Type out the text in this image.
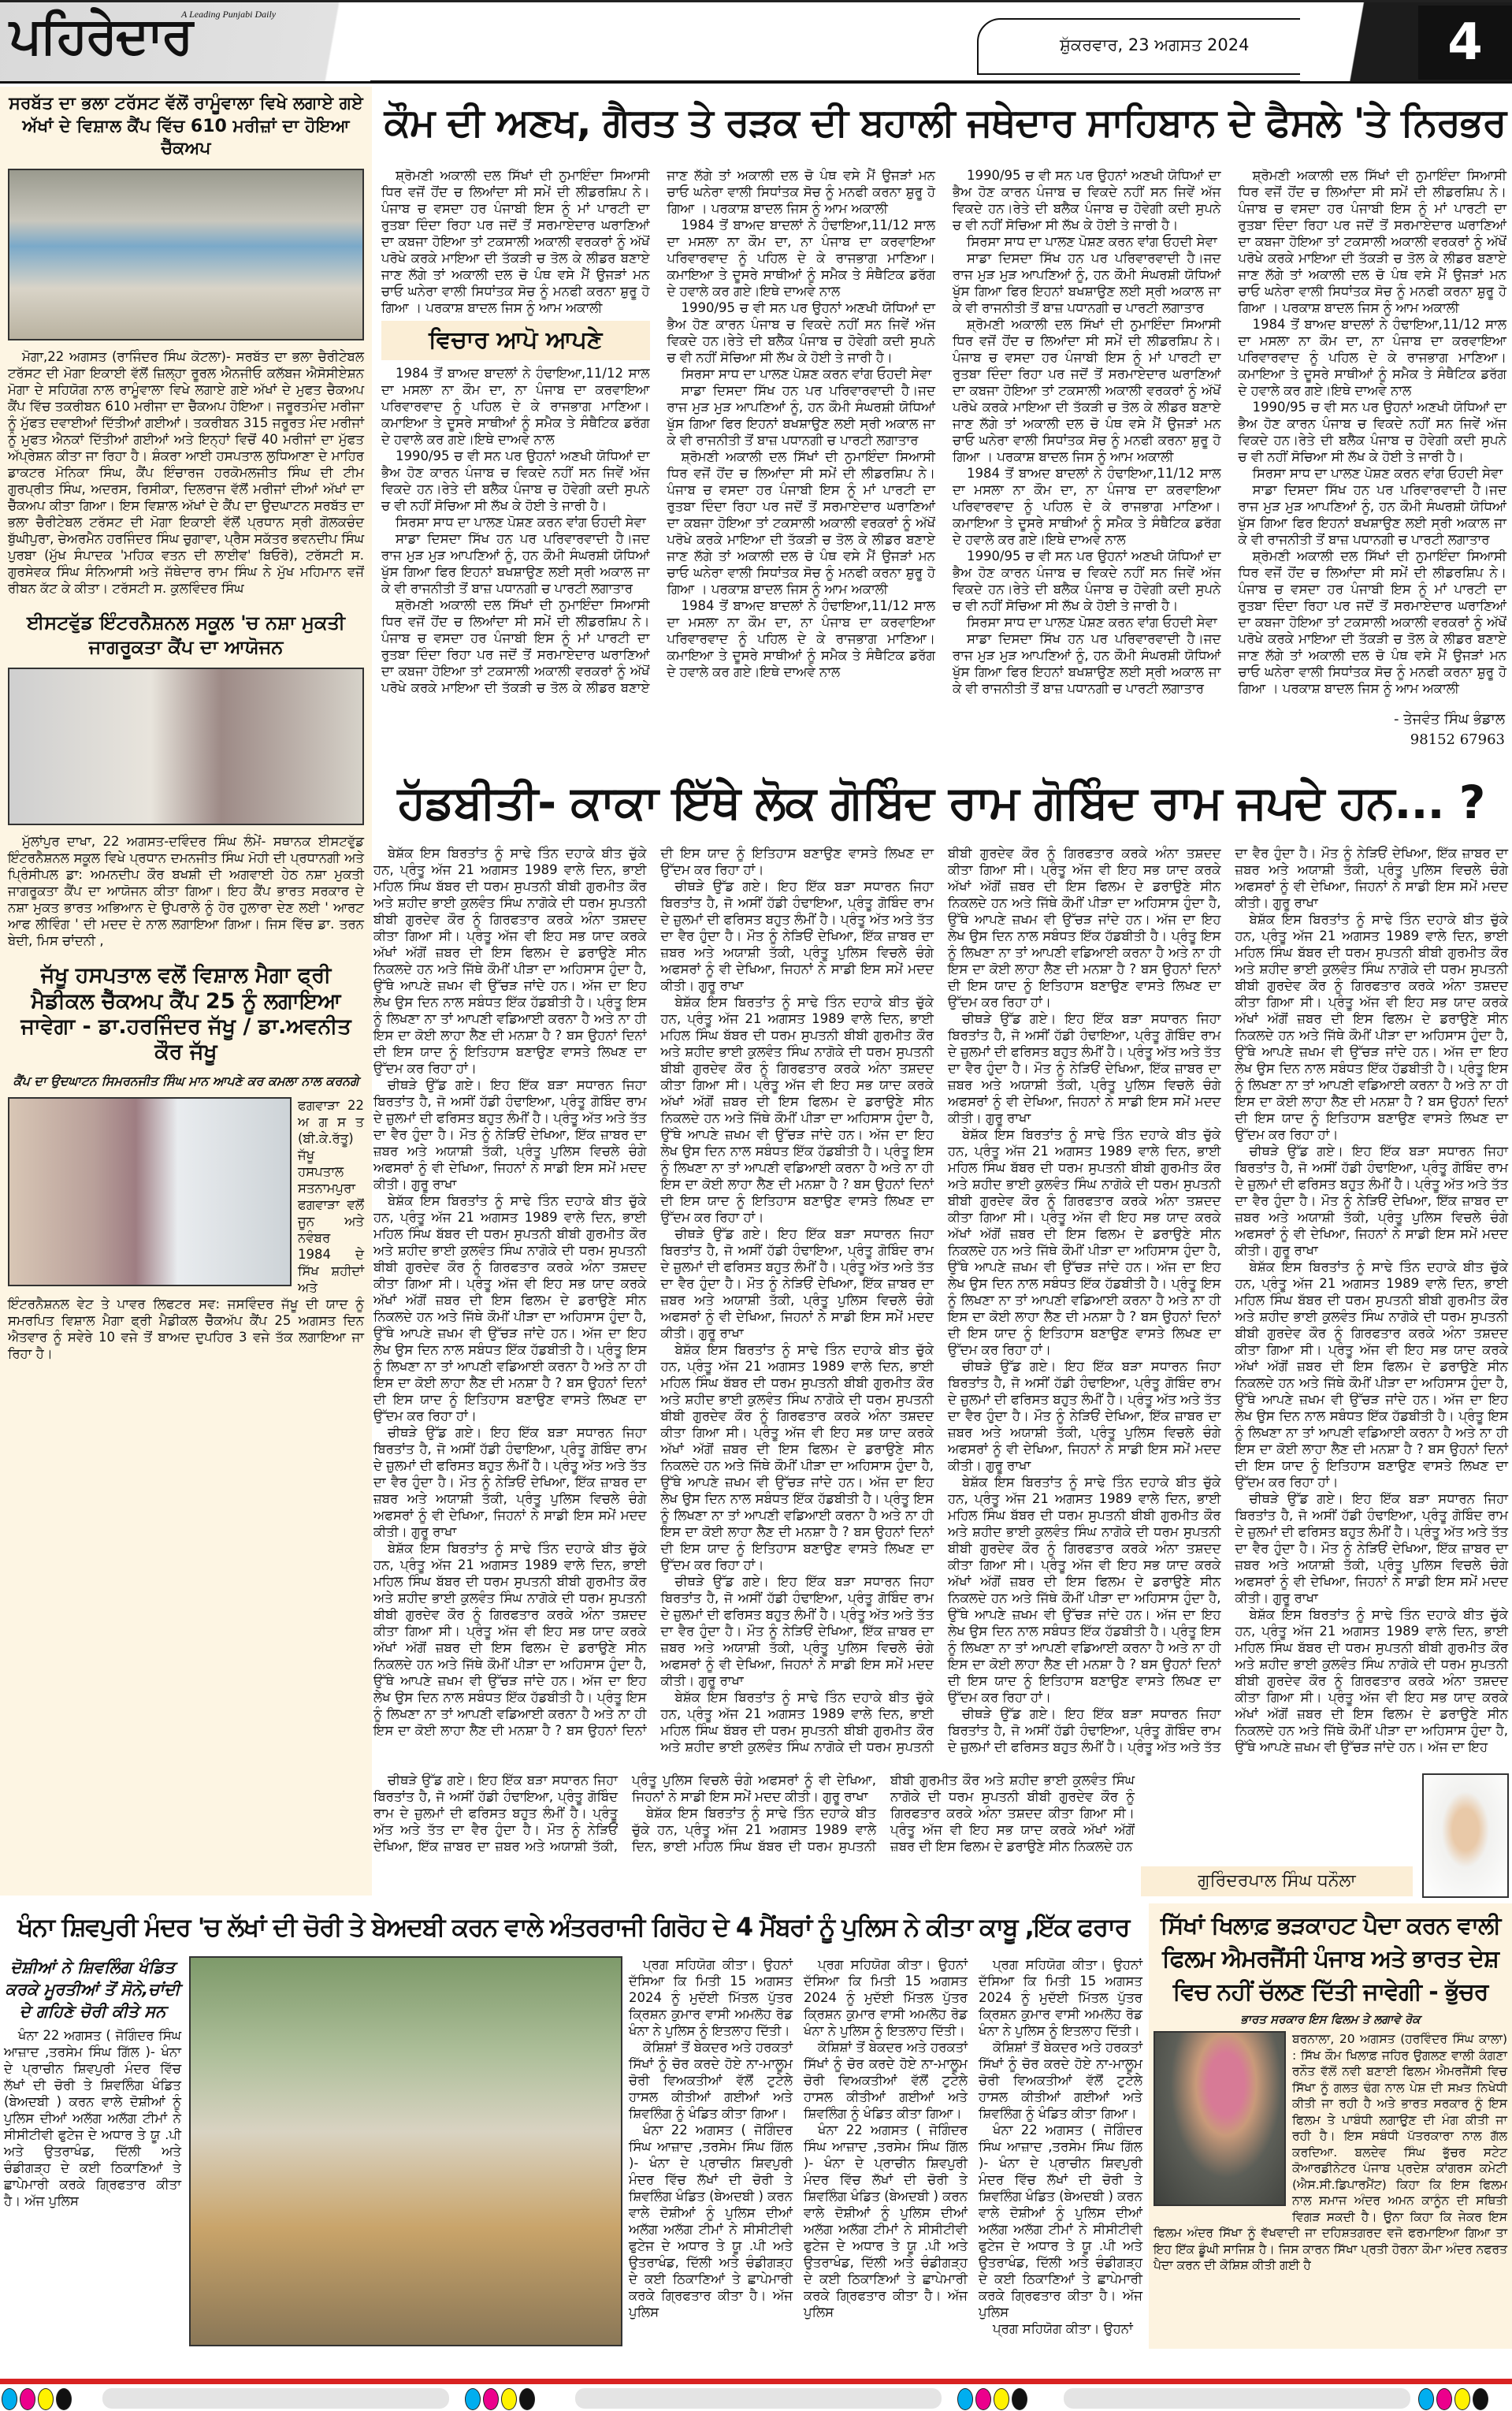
ਪਹਿਰੇਦਾਰ
A Leading Punjabi Daily
ਸ਼ੁੱਕਰਵਾਰ, 23 ਅਗਸਤ 2024	4
ਸਰਬੱਤ ਦਾ ਭਲਾ ਟਰੱਸਟ ਵੱਲੋਂ ਰਾਮੂੰਵਾਲਾ ਵਿਖੇ ਲਗਾਏ ਗਏ ਅੱਖਾਂ ਦੇ ਵਿਸ਼ਾਲ ਕੈਂਪ ਵਿੱਚ 610 ਮਰੀਜ਼ਾਂ ਦਾ ਹੋਇਆ ਚੈੱਕਅਪ

ਮੋਗਾ,22 ਅਗਸਤ (ਰਾਜਿੰਦਰ ਸਿੰਘ ਕੋਟਲਾ)- ਸਰਬੱਤ ਦਾ ਭਲਾ ਚੈਰੀਟੇਬਲ ਟਰੱਸਟ ਦੀ ਮੋਗਾ ਇਕਾਈ ਵੱਲੋਂ ਜ਼ਿਲ੍ਹਾ ਰੂਰਲ ਐਨਜੀਓ ਕਲੱਬਜ ਐਸੋਸੀਏਸ਼ਨ ਮੋਗਾ ਦੇ ਸਹਿਯੋਗ ਨਾਲ ਰਾਮੂੰਵਾਲਾ ਵਿਖੇ ਲਗਾਏ ਗਏ ਅੱਖਾਂ ਦੇ ਮੁਫਤ ਚੈਕਅਪ ਕੈਂਪ ਵਿੱਚ ਤਕਰੀਬਨ 610 ਮਰੀਜਾ ਦਾ ਚੈੱਕਅਪ ਹੋਇਆ। ਜਰੂਰਤਮੰਦ ਮਰੀਜਾ ਨੂੰ ਮੁੱਫਤ ਦਵਾਈਆਂ ਦਿੱਤੀਆਂ ਗਈਆਂ। ਤਕਰੀਬਨ 315 ਜਰੂਰਤ ਮੰਦ ਮਰੀਜਾਂ ਨੂੰ ਮੁਫਤ ਐਨਕਾਂ ਦਿੱਤੀਆਂ ਗਈਆਂ ਅਤੇ ਇਨ੍ਹਾਂ ਵਿਚੋਂ 40 ਮਰੀਜਾਂ ਦਾ ਮੁੱਫਤ ਅੱਪ੍ਰੇਸ਼ਨ ਕੀਤਾ ਜਾ ਰਿਹਾ ਹੈ। ਸ਼ੰਕਰਾ ਆਈ ਹਸਪਤਾਲ ਲੁਧਿਆਣਾ ਦੇ ਮਾਹਿਰ ਡਾਕਟਰ ਮੋਨਿਕਾ ਸਿੰਘ, ਕੈਂਪ ਇੰਚਾਰਜ ਹਰਕੋਮਲਜੀਤ ਸਿੰਘ ਦੀ ਟੀਮ ਗੁਰਪ੍ਰੀਤ ਸਿੰਘ, ਅਦਰਸ, ਰਿਸੀਕਾ, ਦਿਲਰਾਜ ਵੱਲੋਂ ਮਰੀਜਾਂ ਦੀਆਂ ਅੱਖਾਂ ਦਾ ਚੈੱਕਅਪ ਕੀਤਾ ਗਿਆ। ਇਸ ਵਿਸ਼ਾਲ ਅੱਖਾਂ ਦੇ ਕੈਂਪ ਦਾ ਉਦਘਾਟਨ ਸਰਬੱਤ ਦਾ ਭਲਾ ਚੈਰੀਟੇਬਲ ਟਰੱਸਟ ਦੀ ਮੋਗਾ ਇਕਾਈ ਵੱਲੋਂ ਪ੍ਰਧਾਨ ਸ੍ਰੀ ਗੋਲਕਚੰਦ ਬੁੱਘੀਪੁਰਾ, ਚੇਅਰਮੈਨ ਹਰਜਿੰਦਰ ਸਿੰਘ ਚੁਗਾਵਾ, ਪ੍ਰੈਸ ਸਕੱਤਰ ਭਵਨਦੀਪ ਸਿੰਘ ਪੁਰਬਾ (ਮੁੱਖ ਸੰਪਾਦਕ 'ਮਹਿਕ ਵਤਨ ਦੀ ਲਾਈਵ' ਬਿਓਰੋ), ਟਰੱਸਟੀ ਸ. ਗੁਰਸੇਵਕ ਸਿੰਘ ਸੰਨਿਆਸੀ ਅਤੇ ਜੱਥੇਦਾਰ ਰਾਮ ਸਿੰਘ ਨੇ ਮੁੱਖ ਮਹਿਮਾਨ ਵਜੋਂ ਰੀਬਨ ਕੱਟ ਕੇ ਕੀਤਾ। ਟਰੱਸਟੀ ਸ. ਕੁਲਵਿੰਦਰ ਸਿੰਘ

ਈਸਟਵੁੱਡ ਇੰਟਰਨੈਸ਼ਨਲ ਸਕੂਲ 'ਚ ਨਸ਼ਾ ਮੁਕਤੀ ਜਾਗਰੂਕਤਾ ਕੈਂਪ ਦਾ ਆਯੋਜਨ

ਮੁੱਲਾਂਪੁਰ ਦਾਖਾ, 22 ਅਗਸਤ-ਦਵਿੰਦਰ ਸਿੰਘ ਲੰਮੇਂ- ਸਥਾਨਕ ਈਸਟਵੁੱਡ ਇੰਟਰਨੈਸ਼ਨਲ ਸਕੂਲ ਵਿਖੇ ਪ੍ਰਧਾਨ ਦਮਨਜੀਤ ਸਿੰਘ ਮੋਹੀ ਦੀ ਪ੍ਰਧਾਨਗੀ ਅਤੇ ਪ੍ਰਿੰਸੀਪਲ ਡਾ: ਅਮਨਦੀਪ ਕੌਰ ਬਖਸ਼ੀ ਦੀ ਅਗਵਾਈ ਹੇਠ ਨਸ਼ਾ ਮੁਕਤੀ ਜਾਗਰੂਕਤਾ ਕੈਂਪ ਦਾ ਆਯੋਜਨ ਕੀਤਾ ਗਿਆ। ਇਹ ਕੈਂਪ ਭਾਰਤ ਸਰਕਾਰ ਦੇ ਨਸ਼ਾ ਮੁਕਤ ਭਾਰਤ ਅਭਿਆਨ ਦੇ ਉਪਰਾਲੇ ਨੂੰ ਹੋਰ ਹੁਲਾਰਾ ਦੇਣ ਲਈ ' ਆਰਟ ਆਫ ਲੀਵਿੰਗ ' ਦੀ ਮਦਦ ਦੇ ਨਾਲ ਲਗਾਇਆ ਗਿਆ। ਜਿਸ ਵਿੱਚ ਡਾ. ਤਰਨ ਬੇਦੀ, ਮਿਸ ਚਾਂਦਨੀ ,

ਜੱਖੂ ਹਸਪਤਾਲ ਵਲੋਂ ਵਿਸ਼ਾਲ ਮੈਗਾ ਫ੍ਰੀ ਮੈਡੀਕਲ ਚੈੱਕਅਪ ਕੈਂਪ 25 ਨੂੰ ਲਗਾਇਆ ਜਾਵੇਗਾ - ਡਾ.ਹਰਜਿੰਦਰ ਜੱਖੂ / ਡਾ.ਅਵਨੀਤ ਕੌਰ ਜੱਖੂ
ਕੈਂਪ ਦਾ ਉਦਘਾਟਨ ਸਿਮਰਨਜੀਤ ਸਿੰਘ ਮਾਨ ਆਪਣੇ ਕਰ ਕਮਲਾ ਨਾਲ ਕਰਨਗੇ
ਫਗਵਾੜਾ 22 ਅ ਗ ਸ ਤ (ਬੀ.ਕੇ.ਰੱਤੂ) ਜੱਖੂ ਹਸਪਤਾਲ ਸਤਨਾਮਪੁਰਾ ਫਗਵਾੜਾ ਵਲੋਂ ਜੂਨ ਅਤੇ ਨਵੰਬਰ 1984 ਦੇ ਸਿੱਖ ਸ਼ਹੀਦਾਂ ਅਤੇ ਇੰਟਰਨੈਸ਼ਨਲ ਵੇਟ ਤੇ ਪਾਵਰ ਲਿਫਟਰ ਸਵ: ਜਸਵਿੰਦਰ ਜੱਖੂ ਦੀ ਯਾਦ ਨੂੰ ਸਮਰਪਿਤ ਵਿਸ਼ਾਲ ਮੈਗਾ ਫ੍ਰੀ ਮੈਡੀਕਲ ਚੈੱਕਅੱਪ ਕੈਂਪ 25 ਅਗਸਤ ਦਿਨ ਐਤਵਾਰ ਨੂੰ ਸਵੇਰੇ 10 ਵਜੇ ਤੋਂ ਬਾਅਦ ਦੁਪਹਿਰ 3 ਵਜੇ ਤੱਕ ਲਗਾਇਆ ਜਾ ਰਿਹਾ ਹੈ।
ਕੌਮ ਦੀ ਅਣਖ, ਗੈਰਤ ਤੇ ਰੜਕ ਦੀ ਬਹਾਲੀ ਜਥੇਦਾਰ ਸਾਹਿਬਾਨ ਦੇ ਫੈਸਲੇ 'ਤੇ ਨਿਰਭਰ

ਸ਼੍ਰੋਮਣੀ ਅਕਾਲੀ ਦਲ ਸਿੱਖਾਂ ਦੀ ਨੁਮਾਇੰਦਾ ਸਿਆਸੀ ਧਿਰ ਵਜੋਂ ਹੋਂਦ ਚ ਲਿਆਂਦਾ ਸੀ ਸਮੇਂ ਦੀ ਲੀਡਰਸ਼ਿਪ ਨੇ।ਪੰਜਾਬ ਚ ਵਸਦਾ ਹਰ ਪੰਜਾਬੀ ਇਸ ਨੂੰ ਮਾਂ ਪਾਰਟੀ ਦਾ ਰੁਤਬਾ ਦਿੰਦਾ ਰਿਹਾ ਪਰ ਜਦੋਂ ਤੋਂ ਸਰਮਾਏਦਾਰ ਘਰਾਣਿਆਂ ਦਾ ਕਬਜਾ ਹੋਇਆ ਤਾਂ ਟਕਸਾਲੀ ਅਕਾਲੀ ਵਰਕਰਾਂ ਨੂੰ ਅੱਖੋਂ ਪਰੋਖੇ ਕਰਕੇ ਮਾਇਆ ਦੀ ਤੱਕੜੀ ਚ ਤੋਲ ਕੇ ਲੀਡਰ ਬਣਾਏ ਜਾਣ ਲੱਗੇ ਤਾਂ ਅਕਾਲੀ ਦਲ ਚੋ ਪੰਥ ਵਸੇ ਮੈਂ ਉਜੜਾਂ ਮਨ ਚਾਓ ਘਨੇਰਾ ਵਾਲੀ ਸਿਧਾਂਤਕ ਸੋਚ ਨੂੰ ਮਨਫੀ ਕਰਨਾ ਸ਼ੁਰੂ ਹੋ ਗਿਆ । ਪਰਕਾਸ਼ ਬਾਦਲ ਜਿਸ ਨੂੰ ਆਮ ਅਕਾਲੀ

ਵਿਚਾਰ ਆਪੋ ਆਪਣੇ

1984 ਤੋਂ ਬਾਅਦ ਬਾਦਲਾਂ ਨੇ ਹੰਢਾਇਆ,11/12 ਸਾਲ ਦਾ ਮਸਲਾ ਨਾ ਕੌਮ ਦਾ, ਨਾ ਪੰਜਾਬ ਦਾ ਕਰਵਾਇਆ ਪਰਿਵਾਰਵਾਦ ਨੂੰ ਪਹਿਲ ਦੇ ਕੇ ਰਾਜਭਾਗ ਮਾਣਿਆ। ਕਮਾਇਆ ਤੇ ਦੂਸਰੇ ਸਾਥੀਆਂ ਨੂੰ ਸਮੈਕ ਤੇ ਸੰਥੈਟਿਕ ਡਰੱਗ ਦੇ ਹਵਾਲੇ ਕਰ ਗਏ।ਇਥੇ ਦਾਅਵੇ ਨਾਲ

1990/95 ਚ ਵੀ ਸਨ ਪਰ ਉਹਨਾਂ ਅਣਖੀ ਯੋਧਿਆਂ ਦਾ ਭੈਅ ਹੋਣ ਕਾਰਨ ਪੰਜਾਬ ਚ ਵਿਕਦੇ ਨਹੀਂ ਸਨ ਜਿਵੇਂ ਅੱਜ ਵਿਕਦੇ ਹਨ।ਰੇਤੇ ਦੀ ਬਲੈਕ ਪੰਜਾਬ ਚ ਹੋਵੇਗੀ ਕਦੀ ਸੁਪਨੇ ਚ ਵੀ ਨਹੀਂ ਸੋਚਿਆ ਸੀ ਲੱਖ ਕੇ ਹੋਈ ਤੇ ਜਾਰੀ ਹੈ।

ਸਿਰਸਾ ਸਾਧ ਦਾ ਪਾਲਣ ਪੋਸ਼ਣ ਕਰਨ ਵਾਂਗ ਓਹਦੀ ਸੇਵਾ

ਸਾਡਾ ਦਿਸਦਾ ਸਿੱਖ ਹਨ ਪਰ ਪਰਿਵਾਰਵਾਦੀ ਹੈ।ਜਦ ਰਾਜ ਮੁੜ ਮੁੜ ਆਪਣਿਆਂ ਨੂੰ, ਹਨ ਕੌਮੀ ਸੰਘਰਸ਼ੀ ਯੋਧਿਆਂ ਖੁੱਸ ਗਿਆ ਫਿਰ ਇਹਨਾਂ ਬਖਸ਼ਾਉਣ ਲਈ ਸ੍ਰੀ ਅਕਾਲ ਜਾ ਕੇ ਵੀ ਰਾਜਨੀਤੀ ਤੋਂ ਬਾਜ਼ ਪਧਾਨਗੀ ਚ ਪਾਰਟੀ ਲਗਾਤਾਰ

ਸ਼੍ਰੋਮਣੀ ਅਕਾਲੀ ਦਲ ਸਿੱਖਾਂ ਦੀ ਨੁਮਾਇੰਦਾ ਸਿਆਸੀ ਧਿਰ ਵਜੋਂ ਹੋਂਦ ਚ ਲਿਆਂਦਾ ਸੀ ਸਮੇਂ ਦੀ ਲੀਡਰਸ਼ਿਪ ਨੇ।ਪੰਜਾਬ ਚ ਵਸਦਾ ਹਰ ਪੰਜਾਬੀ ਇਸ ਨੂੰ ਮਾਂ ਪਾਰਟੀ ਦਾ ਰੁਤਬਾ ਦਿੰਦਾ ਰਿਹਾ ਪਰ ਜਦੋਂ ਤੋਂ ਸਰਮਾਏਦਾਰ ਘਰਾਣਿਆਂ ਦਾ ਕਬਜਾ ਹੋਇਆ ਤਾਂ ਟਕਸਾਲੀ ਅਕਾਲੀ ਵਰਕਰਾਂ ਨੂੰ ਅੱਖੋਂ ਪਰੋਖੇ ਕਰਕੇ ਮਾਇਆ ਦੀ ਤੱਕੜੀ ਚ ਤੋਲ ਕੇ ਲੀਡਰ ਬਣਾਏ ਜਾਣ ਲੱਗੇ ਤਾਂ ਅਕਾਲੀ ਦਲ ਚੋ ਪੰਥ ਵਸੇ ਮੈਂ ਉਜੜਾਂ ਮਨ ਚਾਓ ਘਨੇਰਾ ਵਾਲੀ ਸਿਧਾਂਤਕ ਸੋਚ ਨੂੰ ਮਨਫੀ ਕਰਨਾ ਸ਼ੁਰੂ ਹੋ ਗਿਆ । ਪਰਕਾਸ਼ ਬਾਦਲ ਜਿਸ ਨੂੰ ਆਮ ਅਕਾਲੀ

1984 ਤੋਂ ਬਾਅਦ ਬਾਦਲਾਂ ਨੇ ਹੰਢਾਇਆ,11/12 ਸਾਲ ਦਾ ਮਸਲਾ ਨਾ ਕੌਮ ਦਾ, ਨਾ ਪੰਜਾਬ ਦਾ ਕਰਵਾਇਆ ਪਰਿਵਾਰਵਾਦ ਨੂੰ ਪਹਿਲ ਦੇ ਕੇ ਰਾਜਭਾਗ ਮਾਣਿਆ। ਕਮਾਇਆ ਤੇ ਦੂਸਰੇ ਸਾਥੀਆਂ ਨੂੰ ਸਮੈਕ ਤੇ ਸੰਥੈਟਿਕ ਡਰੱਗ ਦੇ ਹਵਾਲੇ ਕਰ ਗਏ।ਇਥੇ ਦਾਅਵੇ ਨਾਲ

1990/95 ਚ ਵੀ ਸਨ ਪਰ ਉਹਨਾਂ ਅਣਖੀ ਯੋਧਿਆਂ ਦਾ ਭੈਅ ਹੋਣ ਕਾਰਨ ਪੰਜਾਬ ਚ ਵਿਕਦੇ ਨਹੀਂ ਸਨ ਜਿਵੇਂ ਅੱਜ ਵਿਕਦੇ ਹਨ।ਰੇਤੇ ਦੀ ਬਲੈਕ ਪੰਜਾਬ ਚ ਹੋਵੇਗੀ ਕਦੀ ਸੁਪਨੇ ਚ ਵੀ ਨਹੀਂ ਸੋਚਿਆ ਸੀ ਲੱਖ ਕੇ ਹੋਈ ਤੇ ਜਾਰੀ ਹੈ।

ਸਿਰਸਾ ਸਾਧ ਦਾ ਪਾਲਣ ਪੋਸ਼ਣ ਕਰਨ ਵਾਂਗ ਓਹਦੀ ਸੇਵਾ

ਸਾਡਾ ਦਿਸਦਾ ਸਿੱਖ ਹਨ ਪਰ ਪਰਿਵਾਰਵਾਦੀ ਹੈ।ਜਦ ਰਾਜ ਮੁੜ ਮੁੜ ਆਪਣਿਆਂ ਨੂੰ, ਹਨ ਕੌਮੀ ਸੰਘਰਸ਼ੀ ਯੋਧਿਆਂ ਖੁੱਸ ਗਿਆ ਫਿਰ ਇਹਨਾਂ ਬਖਸ਼ਾਉਣ ਲਈ ਸ੍ਰੀ ਅਕਾਲ ਜਾ ਕੇ ਵੀ ਰਾਜਨੀਤੀ ਤੋਂ ਬਾਜ਼ ਪਧਾਨਗੀ ਚ ਪਾਰਟੀ ਲਗਾਤਾਰ

ਸ਼੍ਰੋਮਣੀ ਅਕਾਲੀ ਦਲ ਸਿੱਖਾਂ ਦੀ ਨੁਮਾਇੰਦਾ ਸਿਆਸੀ ਧਿਰ ਵਜੋਂ ਹੋਂਦ ਚ ਲਿਆਂਦਾ ਸੀ ਸਮੇਂ ਦੀ ਲੀਡਰਸ਼ਿਪ ਨੇ।ਪੰਜਾਬ ਚ ਵਸਦਾ ਹਰ ਪੰਜਾਬੀ ਇਸ ਨੂੰ ਮਾਂ ਪਾਰਟੀ ਦਾ ਰੁਤਬਾ ਦਿੰਦਾ ਰਿਹਾ ਪਰ ਜਦੋਂ ਤੋਂ ਸਰਮਾਏਦਾਰ ਘਰਾਣਿਆਂ ਦਾ ਕਬਜਾ ਹੋਇਆ ਤਾਂ ਟਕਸਾਲੀ ਅਕਾਲੀ ਵਰਕਰਾਂ ਨੂੰ ਅੱਖੋਂ ਪਰੋਖੇ ਕਰਕੇ ਮਾਇਆ ਦੀ ਤੱਕੜੀ ਚ ਤੋਲ ਕੇ ਲੀਡਰ ਬਣਾਏ ਜਾਣ ਲੱਗੇ ਤਾਂ ਅਕਾਲੀ ਦਲ ਚੋ ਪੰਥ ਵਸੇ ਮੈਂ ਉਜੜਾਂ ਮਨ ਚਾਓ ਘਨੇਰਾ ਵਾਲੀ ਸਿਧਾਂਤਕ ਸੋਚ ਨੂੰ ਮਨਫੀ ਕਰਨਾ ਸ਼ੁਰੂ ਹੋ ਗਿਆ । ਪਰਕਾਸ਼ ਬਾਦਲ ਜਿਸ ਨੂੰ ਆਮ ਅਕਾਲੀ

1984 ਤੋਂ ਬਾਅਦ ਬਾਦਲਾਂ ਨੇ ਹੰਢਾਇਆ,11/12 ਸਾਲ ਦਾ ਮਸਲਾ ਨਾ ਕੌਮ ਦਾ, ਨਾ ਪੰਜਾਬ ਦਾ ਕਰਵਾਇਆ ਪਰਿਵਾਰਵਾਦ ਨੂੰ ਪਹਿਲ ਦੇ ਕੇ ਰਾਜਭਾਗ ਮਾਣਿਆ। ਕਮਾਇਆ ਤੇ ਦੂਸਰੇ ਸਾਥੀਆਂ ਨੂੰ ਸਮੈਕ ਤੇ ਸੰਥੈਟਿਕ ਡਰੱਗ ਦੇ ਹਵਾਲੇ ਕਰ ਗਏ।ਇਥੇ ਦਾਅਵੇ ਨਾਲ

1990/95 ਚ ਵੀ ਸਨ ਪਰ ਉਹਨਾਂ ਅਣਖੀ ਯੋਧਿਆਂ ਦਾ ਭੈਅ ਹੋਣ ਕਾਰਨ ਪੰਜਾਬ ਚ ਵਿਕਦੇ ਨਹੀਂ ਸਨ ਜਿਵੇਂ ਅੱਜ ਵਿਕਦੇ ਹਨ।ਰੇਤੇ ਦੀ ਬਲੈਕ ਪੰਜਾਬ ਚ ਹੋਵੇਗੀ ਕਦੀ ਸੁਪਨੇ ਚ ਵੀ ਨਹੀਂ ਸੋਚਿਆ ਸੀ ਲੱਖ ਕੇ ਹੋਈ ਤੇ ਜਾਰੀ ਹੈ।

ਸਿਰਸਾ ਸਾਧ ਦਾ ਪਾਲਣ ਪੋਸ਼ਣ ਕਰਨ ਵਾਂਗ ਓਹਦੀ ਸੇਵਾ

ਸਾਡਾ ਦਿਸਦਾ ਸਿੱਖ ਹਨ ਪਰ ਪਰਿਵਾਰਵਾਦੀ ਹੈ।ਜਦ ਰਾਜ ਮੁੜ ਮੁੜ ਆਪਣਿਆਂ ਨੂੰ, ਹਨ ਕੌਮੀ ਸੰਘਰਸ਼ੀ ਯੋਧਿਆਂ ਖੁੱਸ ਗਿਆ ਫਿਰ ਇਹਨਾਂ ਬਖਸ਼ਾਉਣ ਲਈ ਸ੍ਰੀ ਅਕਾਲ ਜਾ ਕੇ ਵੀ ਰਾਜਨੀਤੀ ਤੋਂ ਬਾਜ਼ ਪਧਾਨਗੀ ਚ ਪਾਰਟੀ ਲਗਾਤਾਰ

ਸ਼੍ਰੋਮਣੀ ਅਕਾਲੀ ਦਲ ਸਿੱਖਾਂ ਦੀ ਨੁਮਾਇੰਦਾ ਸਿਆਸੀ ਧਿਰ ਵਜੋਂ ਹੋਂਦ ਚ ਲਿਆਂਦਾ ਸੀ ਸਮੇਂ ਦੀ ਲੀਡਰਸ਼ਿਪ ਨੇ।ਪੰਜਾਬ ਚ ਵਸਦਾ ਹਰ ਪੰਜਾਬੀ ਇਸ ਨੂੰ ਮਾਂ ਪਾਰਟੀ ਦਾ ਰੁਤਬਾ ਦਿੰਦਾ ਰਿਹਾ ਪਰ ਜਦੋਂ ਤੋਂ ਸਰਮਾਏਦਾਰ ਘਰਾਣਿਆਂ ਦਾ ਕਬਜਾ ਹੋਇਆ ਤਾਂ ਟਕਸਾਲੀ ਅਕਾਲੀ ਵਰਕਰਾਂ ਨੂੰ ਅੱਖੋਂ ਪਰੋਖੇ ਕਰਕੇ ਮਾਇਆ ਦੀ ਤੱਕੜੀ ਚ ਤੋਲ ਕੇ ਲੀਡਰ ਬਣਾਏ ਜਾਣ ਲੱਗੇ ਤਾਂ ਅਕਾਲੀ ਦਲ ਚੋ ਪੰਥ ਵਸੇ ਮੈਂ ਉਜੜਾਂ ਮਨ ਚਾਓ ਘਨੇਰਾ ਵਾਲੀ ਸਿਧਾਂਤਕ ਸੋਚ ਨੂੰ ਮਨਫੀ ਕਰਨਾ ਸ਼ੁਰੂ ਹੋ ਗਿਆ । ਪਰਕਾਸ਼ ਬਾਦਲ ਜਿਸ ਨੂੰ ਆਮ ਅਕਾਲੀ

1984 ਤੋਂ ਬਾਅਦ ਬਾਦਲਾਂ ਨੇ ਹੰਢਾਇਆ,11/12 ਸਾਲ ਦਾ ਮਸਲਾ ਨਾ ਕੌਮ ਦਾ, ਨਾ ਪੰਜਾਬ ਦਾ ਕਰਵਾਇਆ ਪਰਿਵਾਰਵਾਦ ਨੂੰ ਪਹਿਲ ਦੇ ਕੇ ਰਾਜਭਾਗ ਮਾਣਿਆ। ਕਮਾਇਆ ਤੇ ਦੂਸਰੇ ਸਾਥੀਆਂ ਨੂੰ ਸਮੈਕ ਤੇ ਸੰਥੈਟਿਕ ਡਰੱਗ ਦੇ ਹਵਾਲੇ ਕਰ ਗਏ।ਇਥੇ ਦਾਅਵੇ ਨਾਲ

1990/95 ਚ ਵੀ ਸਨ ਪਰ ਉਹਨਾਂ ਅਣਖੀ ਯੋਧਿਆਂ ਦਾ ਭੈਅ ਹੋਣ ਕਾਰਨ ਪੰਜਾਬ ਚ ਵਿਕਦੇ ਨਹੀਂ ਸਨ ਜਿਵੇਂ ਅੱਜ ਵਿਕਦੇ ਹਨ।ਰੇਤੇ ਦੀ ਬਲੈਕ ਪੰਜਾਬ ਚ ਹੋਵੇਗੀ ਕਦੀ ਸੁਪਨੇ ਚ ਵੀ ਨਹੀਂ ਸੋਚਿਆ ਸੀ ਲੱਖ ਕੇ ਹੋਈ ਤੇ ਜਾਰੀ ਹੈ।

ਸਿਰਸਾ ਸਾਧ ਦਾ ਪਾਲਣ ਪੋਸ਼ਣ ਕਰਨ ਵਾਂਗ ਓਹਦੀ ਸੇਵਾ

ਸਾਡਾ ਦਿਸਦਾ ਸਿੱਖ ਹਨ ਪਰ ਪਰਿਵਾਰਵਾਦੀ ਹੈ।ਜਦ ਰਾਜ ਮੁੜ ਮੁੜ ਆਪਣਿਆਂ ਨੂੰ, ਹਨ ਕੌਮੀ ਸੰਘਰਸ਼ੀ ਯੋਧਿਆਂ ਖੁੱਸ ਗਿਆ ਫਿਰ ਇਹਨਾਂ ਬਖਸ਼ਾਉਣ ਲਈ ਸ੍ਰੀ ਅਕਾਲ ਜਾ ਕੇ ਵੀ ਰਾਜਨੀਤੀ ਤੋਂ ਬਾਜ਼ ਪਧਾਨਗੀ ਚ ਪਾਰਟੀ ਲਗਾਤਾਰ

ਸ਼੍ਰੋਮਣੀ ਅਕਾਲੀ ਦਲ ਸਿੱਖਾਂ ਦੀ ਨੁਮਾਇੰਦਾ ਸਿਆਸੀ ਧਿਰ ਵਜੋਂ ਹੋਂਦ ਚ ਲਿਆਂਦਾ ਸੀ ਸਮੇਂ ਦੀ ਲੀਡਰਸ਼ਿਪ ਨੇ।ਪੰਜਾਬ ਚ ਵਸਦਾ ਹਰ ਪੰਜਾਬੀ ਇਸ ਨੂੰ ਮਾਂ ਪਾਰਟੀ ਦਾ ਰੁਤਬਾ ਦਿੰਦਾ ਰਿਹਾ ਪਰ ਜਦੋਂ ਤੋਂ ਸਰਮਾਏਦਾਰ ਘਰਾਣਿਆਂ ਦਾ ਕਬਜਾ ਹੋਇਆ ਤਾਂ ਟਕਸਾਲੀ ਅਕਾਲੀ ਵਰਕਰਾਂ ਨੂੰ ਅੱਖੋਂ ਪਰੋਖੇ ਕਰਕੇ ਮਾਇਆ ਦੀ ਤੱਕੜੀ ਚ ਤੋਲ ਕੇ ਲੀਡਰ ਬਣਾਏ ਜਾਣ ਲੱਗੇ ਤਾਂ ਅਕਾਲੀ ਦਲ ਚੋ ਪੰਥ ਵਸੇ ਮੈਂ ਉਜੜਾਂ ਮਨ ਚਾਓ ਘਨੇਰਾ ਵਾਲੀ ਸਿਧਾਂਤਕ ਸੋਚ ਨੂੰ ਮਨਫੀ ਕਰਨਾ ਸ਼ੁਰੂ ਹੋ ਗਿਆ । ਪਰਕਾਸ਼ ਬਾਦਲ ਜਿਸ ਨੂੰ ਆਮ ਅਕਾਲੀ

1984 ਤੋਂ ਬਾਅਦ ਬਾਦਲਾਂ ਨੇ ਹੰਢਾਇਆ,11/12 ਸਾਲ ਦਾ ਮਸਲਾ ਨਾ ਕੌਮ ਦਾ, ਨਾ ਪੰਜਾਬ ਦਾ ਕਰਵਾਇਆ ਪਰਿਵਾਰਵਾਦ ਨੂੰ ਪਹਿਲ ਦੇ ਕੇ ਰਾਜਭਾਗ ਮਾਣਿਆ। ਕਮਾਇਆ ਤੇ ਦੂਸਰੇ ਸਾਥੀਆਂ ਨੂੰ ਸਮੈਕ ਤੇ ਸੰਥੈਟਿਕ ਡਰੱਗ ਦੇ ਹਵਾਲੇ ਕਰ ਗਏ।ਇਥੇ ਦਾਅਵੇ ਨਾਲ

1990/95 ਚ ਵੀ ਸਨ ਪਰ ਉਹਨਾਂ ਅਣਖੀ ਯੋਧਿਆਂ ਦਾ ਭੈਅ ਹੋਣ ਕਾਰਨ ਪੰਜਾਬ ਚ ਵਿਕਦੇ ਨਹੀਂ ਸਨ ਜਿਵੇਂ ਅੱਜ ਵਿਕਦੇ ਹਨ।ਰੇਤੇ ਦੀ ਬਲੈਕ ਪੰਜਾਬ ਚ ਹੋਵੇਗੀ ਕਦੀ ਸੁਪਨੇ ਚ ਵੀ ਨਹੀਂ ਸੋਚਿਆ ਸੀ ਲੱਖ ਕੇ ਹੋਈ ਤੇ ਜਾਰੀ ਹੈ।

ਸਿਰਸਾ ਸਾਧ ਦਾ ਪਾਲਣ ਪੋਸ਼ਣ ਕਰਨ ਵਾਂਗ ਓਹਦੀ ਸੇਵਾ

ਸਾਡਾ ਦਿਸਦਾ ਸਿੱਖ ਹਨ ਪਰ ਪਰਿਵਾਰਵਾਦੀ ਹੈ।ਜਦ ਰਾਜ ਮੁੜ ਮੁੜ ਆਪਣਿਆਂ ਨੂੰ, ਹਨ ਕੌਮੀ ਸੰਘਰਸ਼ੀ ਯੋਧਿਆਂ ਖੁੱਸ ਗਿਆ ਫਿਰ ਇਹਨਾਂ ਬਖਸ਼ਾਉਣ ਲਈ ਸ੍ਰੀ ਅਕਾਲ ਜਾ ਕੇ ਵੀ ਰਾਜਨੀਤੀ ਤੋਂ ਬਾਜ਼ ਪਧਾਨਗੀ ਚ ਪਾਰਟੀ ਲਗਾਤਾਰ

ਸ਼੍ਰੋਮਣੀ ਅਕਾਲੀ ਦਲ ਸਿੱਖਾਂ ਦੀ ਨੁਮਾਇੰਦਾ ਸਿਆਸੀ ਧਿਰ ਵਜੋਂ ਹੋਂਦ ਚ ਲਿਆਂਦਾ ਸੀ ਸਮੇਂ ਦੀ ਲੀਡਰਸ਼ਿਪ ਨੇ।ਪੰਜਾਬ ਚ ਵਸਦਾ ਹਰ ਪੰਜਾਬੀ ਇਸ ਨੂੰ ਮਾਂ ਪਾਰਟੀ ਦਾ ਰੁਤਬਾ ਦਿੰਦਾ ਰਿਹਾ ਪਰ ਜਦੋਂ ਤੋਂ ਸਰਮਾਏਦਾਰ ਘਰਾਣਿਆਂ ਦਾ ਕਬਜਾ ਹੋਇਆ ਤਾਂ ਟਕਸਾਲੀ ਅਕਾਲੀ ਵਰਕਰਾਂ ਨੂੰ ਅੱਖੋਂ ਪਰੋਖੇ ਕਰਕੇ ਮਾਇਆ ਦੀ ਤੱਕੜੀ ਚ ਤੋਲ ਕੇ ਲੀਡਰ ਬਣਾਏ ਜਾਣ ਲੱਗੇ ਤਾਂ ਅਕਾਲੀ ਦਲ ਚੋ ਪੰਥ ਵਸੇ ਮੈਂ ਉਜੜਾਂ ਮਨ ਚਾਓ ਘਨੇਰਾ ਵਾਲੀ ਸਿਧਾਂਤਕ ਸੋਚ ਨੂੰ ਮਨਫੀ ਕਰਨਾ ਸ਼ੁਰੂ ਹੋ ਗਿਆ । ਪਰਕਾਸ਼ ਬਾਦਲ ਜਿਸ ਨੂੰ ਆਮ ਅਕਾਲੀ

- ਤੇਜਵੰਤ ਸਿੰਘ ਭੰਡਾਲ
98152 67963
ਹੱਡਬੀਤੀ- ਕਾਕਾ ਇੱਥੇ ਲੋਕ ਗੋਬਿੰਦ ਰਾਮ ਗੋਬਿੰਦ ਰਾਮ ਜਪਦੇ ਹਨ... ?

ਬੇਸ਼ੱਕ ਇਸ ਬਿਰਤਾਂਤ ਨੂੰ ਸਾਢੇ ਤਿੰਨ ਦਹਾਕੇ ਬੀਤ ਚੁੱਕੇ ਹਨ, ਪ੍ਰੰਤੂ ਅੱਜ 21 ਅਗਸਤ 1989 ਵਾਲੇ ਦਿਨ, ਭਾਈ ਮਹਿਲ ਸਿੰਘ ਬੱਬਰ ਦੀ ਧਰਮ ਸੁਪਤਨੀ ਬੀਬੀ ਗੁਰਮੀਤ ਕੌਰ ਅਤੇ ਸ਼ਹੀਦ ਭਾਈ ਕੁਲਵੰਤ ਸਿੰਘ ਨਾਗੋਕੇ ਦੀ ਧਰਮ ਸੁਪਤਨੀ ਬੀਬੀ ਗੁਰਦੇਵ ਕੌਰ ਨੂੰ ਗਿਰਫਤਾਰ ਕਰਕੇ ਅੰਨਾ ਤਸ਼ਦਦ ਕੀਤਾ ਗਿਆ ਸੀ। ਪ੍ਰੰਤੂ ਅੱਜ ਵੀ ਇਹ ਸਭ ਯਾਦ ਕਰਕੇ ਅੱਖਾਂ ਅੱਗੋਂ ਜ਼ਬਰ ਦੀ ਇਸ ਫਿਲਮ ਦੇ ਡਰਾਉਣੇ ਸੀਨ ਨਿਕਲਦੇ ਹਨ ਅਤੇ ਜਿੱਥੇ ਕੌਮੀਂ ਪੀੜਾ ਦਾ ਅਹਿਸਾਸ ਹੁੰਦਾ ਹੈ, ਉੱਥੇ ਆਪਣੇ ਜ਼ਖਮ ਵੀ ਉੱਚੜ ਜਾਂਦੇ ਹਨ। ਅੱਜ ਦਾ ਇਹ ਲੇਖ ਉਸ ਦਿਨ ਨਾਲ ਸਬੰਧਤ ਇੱਕ ਹੱਡਬੀਤੀ ਹੈ। ਪ੍ਰੰਤੂ ਇਸ ਨੂੰ ਲਿਖਣਾ ਨਾ ਤਾਂ ਆਪਣੀ ਵਡਿਆਈ ਕਰਨਾ ਹੈ ਅਤੇ ਨਾ ਹੀ ਇਸ ਦਾ ਕੋਈ ਲਾਹਾ ਲੈਣ ਦੀ ਮਨਸ਼ਾ ਹੈ ? ਬਸ ਉਹਨਾਂ ਦਿਨਾਂ ਦੀ ਇਸ ਯਾਦ ਨੂੰ ਇਤਿਹਾਸ ਬਣਾਉਣ ਵਾਸਤੇ ਲਿਖਣ ਦਾ ਉੱਦਮ ਕਰ ਰਿਹਾ ਹਾਂ।

ਚੀਥੜੇ ਉੱਡ ਗਏ। ਇਹ ਇੱਕ ਬੜਾ ਸਧਾਰਨ ਜਿਹਾ ਬਿਰਤਾਂਤ ਹੈ, ਜੋ ਅਸੀਂ ਹੱਡੀ ਹੰਢਾਇਆ, ਪ੍ਰੰਤੂ ਗੋਬਿੰਦ ਰਾਮ ਦੇ ਜ਼ੁਲਮਾਂ ਦੀ ਫਰਿਸਤ ਬਹੁਤ ਲੰਮੀਂ ਹੈ। ਪ੍ਰੰਤੂ ਅੱਤ ਅਤੇ ਤੱਤ ਦਾ ਵੈਰ ਹੁੰਦਾ ਹੈ। ਮੌਤ ਨੂੰ ਨੇੜਿਓਂ ਦੇਖਿਆ, ਇੱਕ ਜ਼ਾਬਰ ਦਾ ਜ਼ਬਰ ਅਤੇ ਅਯਾਸ਼ੀ ਤੱਕੀ, ਪ੍ਰੰਤੂ ਪੁਲਿਸ ਵਿਚਲੇ ਚੰਗੇ ਅਫਸਰਾਂ ਨੂੰ ਵੀ ਦੇਖਿਆ, ਜਿਹਨਾਂ ਨੇ ਸਾਡੀ ਇਸ ਸਮੇਂ ਮਦਦ ਕੀਤੀ। ਗੁਰੂ ਰਾਖਾ

ਬੇਸ਼ੱਕ ਇਸ ਬਿਰਤਾਂਤ ਨੂੰ ਸਾਢੇ ਤਿੰਨ ਦਹਾਕੇ ਬੀਤ ਚੁੱਕੇ ਹਨ, ਪ੍ਰੰਤੂ ਅੱਜ 21 ਅਗਸਤ 1989 ਵਾਲੇ ਦਿਨ, ਭਾਈ ਮਹਿਲ ਸਿੰਘ ਬੱਬਰ ਦੀ ਧਰਮ ਸੁਪਤਨੀ ਬੀਬੀ ਗੁਰਮੀਤ ਕੌਰ ਅਤੇ ਸ਼ਹੀਦ ਭਾਈ ਕੁਲਵੰਤ ਸਿੰਘ ਨਾਗੋਕੇ ਦੀ ਧਰਮ ਸੁਪਤਨੀ ਬੀਬੀ ਗੁਰਦੇਵ ਕੌਰ ਨੂੰ ਗਿਰਫਤਾਰ ਕਰਕੇ ਅੰਨਾ ਤਸ਼ਦਦ ਕੀਤਾ ਗਿਆ ਸੀ। ਪ੍ਰੰਤੂ ਅੱਜ ਵੀ ਇਹ ਸਭ ਯਾਦ ਕਰਕੇ ਅੱਖਾਂ ਅੱਗੋਂ ਜ਼ਬਰ ਦੀ ਇਸ ਫਿਲਮ ਦੇ ਡਰਾਉਣੇ ਸੀਨ ਨਿਕਲਦੇ ਹਨ ਅਤੇ ਜਿੱਥੇ ਕੌਮੀਂ ਪੀੜਾ ਦਾ ਅਹਿਸਾਸ ਹੁੰਦਾ ਹੈ, ਉੱਥੇ ਆਪਣੇ ਜ਼ਖਮ ਵੀ ਉੱਚੜ ਜਾਂਦੇ ਹਨ। ਅੱਜ ਦਾ ਇਹ ਲੇਖ ਉਸ ਦਿਨ ਨਾਲ ਸਬੰਧਤ ਇੱਕ ਹੱਡਬੀਤੀ ਹੈ। ਪ੍ਰੰਤੂ ਇਸ ਨੂੰ ਲਿਖਣਾ ਨਾ ਤਾਂ ਆਪਣੀ ਵਡਿਆਈ ਕਰਨਾ ਹੈ ਅਤੇ ਨਾ ਹੀ ਇਸ ਦਾ ਕੋਈ ਲਾਹਾ ਲੈਣ ਦੀ ਮਨਸ਼ਾ ਹੈ ? ਬਸ ਉਹਨਾਂ ਦਿਨਾਂ ਦੀ ਇਸ ਯਾਦ ਨੂੰ ਇਤਿਹਾਸ ਬਣਾਉਣ ਵਾਸਤੇ ਲਿਖਣ ਦਾ ਉੱਦਮ ਕਰ ਰਿਹਾ ਹਾਂ।

ਚੀਥੜੇ ਉੱਡ ਗਏ। ਇਹ ਇੱਕ ਬੜਾ ਸਧਾਰਨ ਜਿਹਾ ਬਿਰਤਾਂਤ ਹੈ, ਜੋ ਅਸੀਂ ਹੱਡੀ ਹੰਢਾਇਆ, ਪ੍ਰੰਤੂ ਗੋਬਿੰਦ ਰਾਮ ਦੇ ਜ਼ੁਲਮਾਂ ਦੀ ਫਰਿਸਤ ਬਹੁਤ ਲੰਮੀਂ ਹੈ। ਪ੍ਰੰਤੂ ਅੱਤ ਅਤੇ ਤੱਤ ਦਾ ਵੈਰ ਹੁੰਦਾ ਹੈ। ਮੌਤ ਨੂੰ ਨੇੜਿਓਂ ਦੇਖਿਆ, ਇੱਕ ਜ਼ਾਬਰ ਦਾ ਜ਼ਬਰ ਅਤੇ ਅਯਾਸ਼ੀ ਤੱਕੀ, ਪ੍ਰੰਤੂ ਪੁਲਿਸ ਵਿਚਲੇ ਚੰਗੇ ਅਫਸਰਾਂ ਨੂੰ ਵੀ ਦੇਖਿਆ, ਜਿਹਨਾਂ ਨੇ ਸਾਡੀ ਇਸ ਸਮੇਂ ਮਦਦ ਕੀਤੀ। ਗੁਰੂ ਰਾਖਾ

ਬੇਸ਼ੱਕ ਇਸ ਬਿਰਤਾਂਤ ਨੂੰ ਸਾਢੇ ਤਿੰਨ ਦਹਾਕੇ ਬੀਤ ਚੁੱਕੇ ਹਨ, ਪ੍ਰੰਤੂ ਅੱਜ 21 ਅਗਸਤ 1989 ਵਾਲੇ ਦਿਨ, ਭਾਈ ਮਹਿਲ ਸਿੰਘ ਬੱਬਰ ਦੀ ਧਰਮ ਸੁਪਤਨੀ ਬੀਬੀ ਗੁਰਮੀਤ ਕੌਰ ਅਤੇ ਸ਼ਹੀਦ ਭਾਈ ਕੁਲਵੰਤ ਸਿੰਘ ਨਾਗੋਕੇ ਦੀ ਧਰਮ ਸੁਪਤਨੀ ਬੀਬੀ ਗੁਰਦੇਵ ਕੌਰ ਨੂੰ ਗਿਰਫਤਾਰ ਕਰਕੇ ਅੰਨਾ ਤਸ਼ਦਦ ਕੀਤਾ ਗਿਆ ਸੀ। ਪ੍ਰੰਤੂ ਅੱਜ ਵੀ ਇਹ ਸਭ ਯਾਦ ਕਰਕੇ ਅੱਖਾਂ ਅੱਗੋਂ ਜ਼ਬਰ ਦੀ ਇਸ ਫਿਲਮ ਦੇ ਡਰਾਉਣੇ ਸੀਨ ਨਿਕਲਦੇ ਹਨ ਅਤੇ ਜਿੱਥੇ ਕੌਮੀਂ ਪੀੜਾ ਦਾ ਅਹਿਸਾਸ ਹੁੰਦਾ ਹੈ, ਉੱਥੇ ਆਪਣੇ ਜ਼ਖਮ ਵੀ ਉੱਚੜ ਜਾਂਦੇ ਹਨ। ਅੱਜ ਦਾ ਇਹ ਲੇਖ ਉਸ ਦਿਨ ਨਾਲ ਸਬੰਧਤ ਇੱਕ ਹੱਡਬੀਤੀ ਹੈ। ਪ੍ਰੰਤੂ ਇਸ ਨੂੰ ਲਿਖਣਾ ਨਾ ਤਾਂ ਆਪਣੀ ਵਡਿਆਈ ਕਰਨਾ ਹੈ ਅਤੇ ਨਾ ਹੀ ਇਸ ਦਾ ਕੋਈ ਲਾਹਾ ਲੈਣ ਦੀ ਮਨਸ਼ਾ ਹੈ ? ਬਸ ਉਹਨਾਂ ਦਿਨਾਂ ਦੀ ਇਸ ਯਾਦ ਨੂੰ ਇਤਿਹਾਸ ਬਣਾਉਣ ਵਾਸਤੇ ਲਿਖਣ ਦਾ ਉੱਦਮ ਕਰ ਰਿਹਾ ਹਾਂ।

ਚੀਥੜੇ ਉੱਡ ਗਏ। ਇਹ ਇੱਕ ਬੜਾ ਸਧਾਰਨ ਜਿਹਾ ਬਿਰਤਾਂਤ ਹੈ, ਜੋ ਅਸੀਂ ਹੱਡੀ ਹੰਢਾਇਆ, ਪ੍ਰੰਤੂ ਗੋਬਿੰਦ ਰਾਮ ਦੇ ਜ਼ੁਲਮਾਂ ਦੀ ਫਰਿਸਤ ਬਹੁਤ ਲੰਮੀਂ ਹੈ। ਪ੍ਰੰਤੂ ਅੱਤ ਅਤੇ ਤੱਤ ਦਾ ਵੈਰ ਹੁੰਦਾ ਹੈ। ਮੌਤ ਨੂੰ ਨੇੜਿਓਂ ਦੇਖਿਆ, ਇੱਕ ਜ਼ਾਬਰ ਦਾ ਜ਼ਬਰ ਅਤੇ ਅਯਾਸ਼ੀ ਤੱਕੀ, ਪ੍ਰੰਤੂ ਪੁਲਿਸ ਵਿਚਲੇ ਚੰਗੇ ਅਫਸਰਾਂ ਨੂੰ ਵੀ ਦੇਖਿਆ, ਜਿਹਨਾਂ ਨੇ ਸਾਡੀ ਇਸ ਸਮੇਂ ਮਦਦ ਕੀਤੀ। ਗੁਰੂ ਰਾਖਾ

ਬੇਸ਼ੱਕ ਇਸ ਬਿਰਤਾਂਤ ਨੂੰ ਸਾਢੇ ਤਿੰਨ ਦਹਾਕੇ ਬੀਤ ਚੁੱਕੇ ਹਨ, ਪ੍ਰੰਤੂ ਅੱਜ 21 ਅਗਸਤ 1989 ਵਾਲੇ ਦਿਨ, ਭਾਈ ਮਹਿਲ ਸਿੰਘ ਬੱਬਰ ਦੀ ਧਰਮ ਸੁਪਤਨੀ ਬੀਬੀ ਗੁਰਮੀਤ ਕੌਰ ਅਤੇ ਸ਼ਹੀਦ ਭਾਈ ਕੁਲਵੰਤ ਸਿੰਘ ਨਾਗੋਕੇ ਦੀ ਧਰਮ ਸੁਪਤਨੀ ਬੀਬੀ ਗੁਰਦੇਵ ਕੌਰ ਨੂੰ ਗਿਰਫਤਾਰ ਕਰਕੇ ਅੰਨਾ ਤਸ਼ਦਦ ਕੀਤਾ ਗਿਆ ਸੀ। ਪ੍ਰੰਤੂ ਅੱਜ ਵੀ ਇਹ ਸਭ ਯਾਦ ਕਰਕੇ ਅੱਖਾਂ ਅੱਗੋਂ ਜ਼ਬਰ ਦੀ ਇਸ ਫਿਲਮ ਦੇ ਡਰਾਉਣੇ ਸੀਨ ਨਿਕਲਦੇ ਹਨ ਅਤੇ ਜਿੱਥੇ ਕੌਮੀਂ ਪੀੜਾ ਦਾ ਅਹਿਸਾਸ ਹੁੰਦਾ ਹੈ, ਉੱਥੇ ਆਪਣੇ ਜ਼ਖਮ ਵੀ ਉੱਚੜ ਜਾਂਦੇ ਹਨ। ਅੱਜ ਦਾ ਇਹ ਲੇਖ ਉਸ ਦਿਨ ਨਾਲ ਸਬੰਧਤ ਇੱਕ ਹੱਡਬੀਤੀ ਹੈ। ਪ੍ਰੰਤੂ ਇਸ ਨੂੰ ਲਿਖਣਾ ਨਾ ਤਾਂ ਆਪਣੀ ਵਡਿਆਈ ਕਰਨਾ ਹੈ ਅਤੇ ਨਾ ਹੀ ਇਸ ਦਾ ਕੋਈ ਲਾਹਾ ਲੈਣ ਦੀ ਮਨਸ਼ਾ ਹੈ ? ਬਸ ਉਹਨਾਂ ਦਿਨਾਂ ਦੀ ਇਸ ਯਾਦ ਨੂੰ ਇਤਿਹਾਸ ਬਣਾਉਣ ਵਾਸਤੇ ਲਿਖਣ ਦਾ ਉੱਦਮ ਕਰ ਰਿਹਾ ਹਾਂ।

ਚੀਥੜੇ ਉੱਡ ਗਏ। ਇਹ ਇੱਕ ਬੜਾ ਸਧਾਰਨ ਜਿਹਾ ਬਿਰਤਾਂਤ ਹੈ, ਜੋ ਅਸੀਂ ਹੱਡੀ ਹੰਢਾਇਆ, ਪ੍ਰੰਤੂ ਗੋਬਿੰਦ ਰਾਮ ਦੇ ਜ਼ੁਲਮਾਂ ਦੀ ਫਰਿਸਤ ਬਹੁਤ ਲੰਮੀਂ ਹੈ। ਪ੍ਰੰਤੂ ਅੱਤ ਅਤੇ ਤੱਤ ਦਾ ਵੈਰ ਹੁੰਦਾ ਹੈ। ਮੌਤ ਨੂੰ ਨੇੜਿਓਂ ਦੇਖਿਆ, ਇੱਕ ਜ਼ਾਬਰ ਦਾ ਜ਼ਬਰ ਅਤੇ ਅਯਾਸ਼ੀ ਤੱਕੀ, ਪ੍ਰੰਤੂ ਪੁਲਿਸ ਵਿਚਲੇ ਚੰਗੇ ਅਫਸਰਾਂ ਨੂੰ ਵੀ ਦੇਖਿਆ, ਜਿਹਨਾਂ ਨੇ ਸਾਡੀ ਇਸ ਸਮੇਂ ਮਦਦ ਕੀਤੀ। ਗੁਰੂ ਰਾਖਾ

ਬੇਸ਼ੱਕ ਇਸ ਬਿਰਤਾਂਤ ਨੂੰ ਸਾਢੇ ਤਿੰਨ ਦਹਾਕੇ ਬੀਤ ਚੁੱਕੇ ਹਨ, ਪ੍ਰੰਤੂ ਅੱਜ 21 ਅਗਸਤ 1989 ਵਾਲੇ ਦਿਨ, ਭਾਈ ਮਹਿਲ ਸਿੰਘ ਬੱਬਰ ਦੀ ਧਰਮ ਸੁਪਤਨੀ ਬੀਬੀ ਗੁਰਮੀਤ ਕੌਰ ਅਤੇ ਸ਼ਹੀਦ ਭਾਈ ਕੁਲਵੰਤ ਸਿੰਘ ਨਾਗੋਕੇ ਦੀ ਧਰਮ ਸੁਪਤਨੀ ਬੀਬੀ ਗੁਰਦੇਵ ਕੌਰ ਨੂੰ ਗਿਰਫਤਾਰ ਕਰਕੇ ਅੰਨਾ ਤਸ਼ਦਦ ਕੀਤਾ ਗਿਆ ਸੀ। ਪ੍ਰੰਤੂ ਅੱਜ ਵੀ ਇਹ ਸਭ ਯਾਦ ਕਰਕੇ ਅੱਖਾਂ ਅੱਗੋਂ ਜ਼ਬਰ ਦੀ ਇਸ ਫਿਲਮ ਦੇ ਡਰਾਉਣੇ ਸੀਨ ਨਿਕਲਦੇ ਹਨ ਅਤੇ ਜਿੱਥੇ ਕੌਮੀਂ ਪੀੜਾ ਦਾ ਅਹਿਸਾਸ ਹੁੰਦਾ ਹੈ, ਉੱਥੇ ਆਪਣੇ ਜ਼ਖਮ ਵੀ ਉੱਚੜ ਜਾਂਦੇ ਹਨ। ਅੱਜ ਦਾ ਇਹ ਲੇਖ ਉਸ ਦਿਨ ਨਾਲ ਸਬੰਧਤ ਇੱਕ ਹੱਡਬੀਤੀ ਹੈ। ਪ੍ਰੰਤੂ ਇਸ ਨੂੰ ਲਿਖਣਾ ਨਾ ਤਾਂ ਆਪਣੀ ਵਡਿਆਈ ਕਰਨਾ ਹੈ ਅਤੇ ਨਾ ਹੀ ਇਸ ਦਾ ਕੋਈ ਲਾਹਾ ਲੈਣ ਦੀ ਮਨਸ਼ਾ ਹੈ ? ਬਸ ਉਹਨਾਂ ਦਿਨਾਂ ਦੀ ਇਸ ਯਾਦ ਨੂੰ ਇਤਿਹਾਸ ਬਣਾਉਣ ਵਾਸਤੇ ਲਿਖਣ ਦਾ ਉੱਦਮ ਕਰ ਰਿਹਾ ਹਾਂ।

ਚੀਥੜੇ ਉੱਡ ਗਏ। ਇਹ ਇੱਕ ਬੜਾ ਸਧਾਰਨ ਜਿਹਾ ਬਿਰਤਾਂਤ ਹੈ, ਜੋ ਅਸੀਂ ਹੱਡੀ ਹੰਢਾਇਆ, ਪ੍ਰੰਤੂ ਗੋਬਿੰਦ ਰਾਮ ਦੇ ਜ਼ੁਲਮਾਂ ਦੀ ਫਰਿਸਤ ਬਹੁਤ ਲੰਮੀਂ ਹੈ। ਪ੍ਰੰਤੂ ਅੱਤ ਅਤੇ ਤੱਤ ਦਾ ਵੈਰ ਹੁੰਦਾ ਹੈ। ਮੌਤ ਨੂੰ ਨੇੜਿਓਂ ਦੇਖਿਆ, ਇੱਕ ਜ਼ਾਬਰ ਦਾ ਜ਼ਬਰ ਅਤੇ ਅਯਾਸ਼ੀ ਤੱਕੀ, ਪ੍ਰੰਤੂ ਪੁਲਿਸ ਵਿਚਲੇ ਚੰਗੇ ਅਫਸਰਾਂ ਨੂੰ ਵੀ ਦੇਖਿਆ, ਜਿਹਨਾਂ ਨੇ ਸਾਡੀ ਇਸ ਸਮੇਂ ਮਦਦ ਕੀਤੀ। ਗੁਰੂ ਰਾਖਾ

ਬੇਸ਼ੱਕ ਇਸ ਬਿਰਤਾਂਤ ਨੂੰ ਸਾਢੇ ਤਿੰਨ ਦਹਾਕੇ ਬੀਤ ਚੁੱਕੇ ਹਨ, ਪ੍ਰੰਤੂ ਅੱਜ 21 ਅਗਸਤ 1989 ਵਾਲੇ ਦਿਨ, ਭਾਈ ਮਹਿਲ ਸਿੰਘ ਬੱਬਰ ਦੀ ਧਰਮ ਸੁਪਤਨੀ ਬੀਬੀ ਗੁਰਮੀਤ ਕੌਰ ਅਤੇ ਸ਼ਹੀਦ ਭਾਈ ਕੁਲਵੰਤ ਸਿੰਘ ਨਾਗੋਕੇ ਦੀ ਧਰਮ ਸੁਪਤਨੀ ਬੀਬੀ ਗੁਰਦੇਵ ਕੌਰ ਨੂੰ ਗਿਰਫਤਾਰ ਕਰਕੇ ਅੰਨਾ ਤਸ਼ਦਦ ਕੀਤਾ ਗਿਆ ਸੀ। ਪ੍ਰੰਤੂ ਅੱਜ ਵੀ ਇਹ ਸਭ ਯਾਦ ਕਰਕੇ ਅੱਖਾਂ ਅੱਗੋਂ ਜ਼ਬਰ ਦੀ ਇਸ ਫਿਲਮ ਦੇ ਡਰਾਉਣੇ ਸੀਨ ਨਿਕਲਦੇ ਹਨ ਅਤੇ ਜਿੱਥੇ ਕੌਮੀਂ ਪੀੜਾ ਦਾ ਅਹਿਸਾਸ ਹੁੰਦਾ ਹੈ, ਉੱਥੇ ਆਪਣੇ ਜ਼ਖਮ ਵੀ ਉੱਚੜ ਜਾਂਦੇ ਹਨ। ਅੱਜ ਦਾ ਇਹ ਲੇਖ ਉਸ ਦਿਨ ਨਾਲ ਸਬੰਧਤ ਇੱਕ ਹੱਡਬੀਤੀ ਹੈ। ਪ੍ਰੰਤੂ ਇਸ ਨੂੰ ਲਿਖਣਾ ਨਾ ਤਾਂ ਆਪਣੀ ਵਡਿਆਈ ਕਰਨਾ ਹੈ ਅਤੇ ਨਾ ਹੀ ਇਸ ਦਾ ਕੋਈ ਲਾਹਾ ਲੈਣ ਦੀ ਮਨਸ਼ਾ ਹੈ ? ਬਸ ਉਹਨਾਂ ਦਿਨਾਂ ਦੀ ਇਸ ਯਾਦ ਨੂੰ ਇਤਿਹਾਸ ਬਣਾਉਣ ਵਾਸਤੇ ਲਿਖਣ ਦਾ ਉੱਦਮ ਕਰ ਰਿਹਾ ਹਾਂ।

ਚੀਥੜੇ ਉੱਡ ਗਏ। ਇਹ ਇੱਕ ਬੜਾ ਸਧਾਰਨ ਜਿਹਾ ਬਿਰਤਾਂਤ ਹੈ, ਜੋ ਅਸੀਂ ਹੱਡੀ ਹੰਢਾਇਆ, ਪ੍ਰੰਤੂ ਗੋਬਿੰਦ ਰਾਮ ਦੇ ਜ਼ੁਲਮਾਂ ਦੀ ਫਰਿਸਤ ਬਹੁਤ ਲੰਮੀਂ ਹੈ। ਪ੍ਰੰਤੂ ਅੱਤ ਅਤੇ ਤੱਤ ਦਾ ਵੈਰ ਹੁੰਦਾ ਹੈ। ਮੌਤ ਨੂੰ ਨੇੜਿਓਂ ਦੇਖਿਆ, ਇੱਕ ਜ਼ਾਬਰ ਦਾ ਜ਼ਬਰ ਅਤੇ ਅਯਾਸ਼ੀ ਤੱਕੀ, ਪ੍ਰੰਤੂ ਪੁਲਿਸ ਵਿਚਲੇ ਚੰਗੇ ਅਫਸਰਾਂ ਨੂੰ ਵੀ ਦੇਖਿਆ, ਜਿਹਨਾਂ ਨੇ ਸਾਡੀ ਇਸ ਸਮੇਂ ਮਦਦ ਕੀਤੀ। ਗੁਰੂ ਰਾਖਾ

ਬੇਸ਼ੱਕ ਇਸ ਬਿਰਤਾਂਤ ਨੂੰ ਸਾਢੇ ਤਿੰਨ ਦਹਾਕੇ ਬੀਤ ਚੁੱਕੇ ਹਨ, ਪ੍ਰੰਤੂ ਅੱਜ 21 ਅਗਸਤ 1989 ਵਾਲੇ ਦਿਨ, ਭਾਈ ਮਹਿਲ ਸਿੰਘ ਬੱਬਰ ਦੀ ਧਰਮ ਸੁਪਤਨੀ ਬੀਬੀ ਗੁਰਮੀਤ ਕੌਰ ਅਤੇ ਸ਼ਹੀਦ ਭਾਈ ਕੁਲਵੰਤ ਸਿੰਘ ਨਾਗੋਕੇ ਦੀ ਧਰਮ ਸੁਪਤਨੀ ਬੀਬੀ ਗੁਰਦੇਵ ਕੌਰ ਨੂੰ ਗਿਰਫਤਾਰ ਕਰਕੇ ਅੰਨਾ ਤਸ਼ਦਦ ਕੀਤਾ ਗਿਆ ਸੀ। ਪ੍ਰੰਤੂ ਅੱਜ ਵੀ ਇਹ ਸਭ ਯਾਦ ਕਰਕੇ ਅੱਖਾਂ ਅੱਗੋਂ ਜ਼ਬਰ ਦੀ ਇਸ ਫਿਲਮ ਦੇ ਡਰਾਉਣੇ ਸੀਨ ਨਿਕਲਦੇ ਹਨ ਅਤੇ ਜਿੱਥੇ ਕੌਮੀਂ ਪੀੜਾ ਦਾ ਅਹਿਸਾਸ ਹੁੰਦਾ ਹੈ, ਉੱਥੇ ਆਪਣੇ ਜ਼ਖਮ ਵੀ ਉੱਚੜ ਜਾਂਦੇ ਹਨ। ਅੱਜ ਦਾ ਇਹ ਲੇਖ ਉਸ ਦਿਨ ਨਾਲ ਸਬੰਧਤ ਇੱਕ ਹੱਡਬੀਤੀ ਹੈ। ਪ੍ਰੰਤੂ ਇਸ ਨੂੰ ਲਿਖਣਾ ਨਾ ਤਾਂ ਆਪਣੀ ਵਡਿਆਈ ਕਰਨਾ ਹੈ ਅਤੇ ਨਾ ਹੀ ਇਸ ਦਾ ਕੋਈ ਲਾਹਾ ਲੈਣ ਦੀ ਮਨਸ਼ਾ ਹੈ ? ਬਸ ਉਹਨਾਂ ਦਿਨਾਂ ਦੀ ਇਸ ਯਾਦ ਨੂੰ ਇਤਿਹਾਸ ਬਣਾਉਣ ਵਾਸਤੇ ਲਿਖਣ ਦਾ ਉੱਦਮ ਕਰ ਰਿਹਾ ਹਾਂ।

ਚੀਥੜੇ ਉੱਡ ਗਏ। ਇਹ ਇੱਕ ਬੜਾ ਸਧਾਰਨ ਜਿਹਾ ਬਿਰਤਾਂਤ ਹੈ, ਜੋ ਅਸੀਂ ਹੱਡੀ ਹੰਢਾਇਆ, ਪ੍ਰੰਤੂ ਗੋਬਿੰਦ ਰਾਮ ਦੇ ਜ਼ੁਲਮਾਂ ਦੀ ਫਰਿਸਤ ਬਹੁਤ ਲੰਮੀਂ ਹੈ। ਪ੍ਰੰਤੂ ਅੱਤ ਅਤੇ ਤੱਤ ਦਾ ਵੈਰ ਹੁੰਦਾ ਹੈ। ਮੌਤ ਨੂੰ ਨੇੜਿਓਂ ਦੇਖਿਆ, ਇੱਕ ਜ਼ਾਬਰ ਦਾ ਜ਼ਬਰ ਅਤੇ ਅਯਾਸ਼ੀ ਤੱਕੀ, ਪ੍ਰੰਤੂ ਪੁਲਿਸ ਵਿਚਲੇ ਚੰਗੇ ਅਫਸਰਾਂ ਨੂੰ ਵੀ ਦੇਖਿਆ, ਜਿਹਨਾਂ ਨੇ ਸਾਡੀ ਇਸ ਸਮੇਂ ਮਦਦ ਕੀਤੀ। ਗੁਰੂ ਰਾਖਾ

ਬੇਸ਼ੱਕ ਇਸ ਬਿਰਤਾਂਤ ਨੂੰ ਸਾਢੇ ਤਿੰਨ ਦਹਾਕੇ ਬੀਤ ਚੁੱਕੇ ਹਨ, ਪ੍ਰੰਤੂ ਅੱਜ 21 ਅਗਸਤ 1989 ਵਾਲੇ ਦਿਨ, ਭਾਈ ਮਹਿਲ ਸਿੰਘ ਬੱਬਰ ਦੀ ਧਰਮ ਸੁਪਤਨੀ ਬੀਬੀ ਗੁਰਮੀਤ ਕੌਰ ਅਤੇ ਸ਼ਹੀਦ ਭਾਈ ਕੁਲਵੰਤ ਸਿੰਘ ਨਾਗੋਕੇ ਦੀ ਧਰਮ ਸੁਪਤਨੀ ਬੀਬੀ ਗੁਰਦੇਵ ਕੌਰ ਨੂੰ ਗਿਰਫਤਾਰ ਕਰਕੇ ਅੰਨਾ ਤਸ਼ਦਦ ਕੀਤਾ ਗਿਆ ਸੀ। ਪ੍ਰੰਤੂ ਅੱਜ ਵੀ ਇਹ ਸਭ ਯਾਦ ਕਰਕੇ ਅੱਖਾਂ ਅੱਗੋਂ ਜ਼ਬਰ ਦੀ ਇਸ ਫਿਲਮ ਦੇ ਡਰਾਉਣੇ ਸੀਨ ਨਿਕਲਦੇ ਹਨ ਅਤੇ ਜਿੱਥੇ ਕੌਮੀਂ ਪੀੜਾ ਦਾ ਅਹਿਸਾਸ ਹੁੰਦਾ ਹੈ, ਉੱਥੇ ਆਪਣੇ ਜ਼ਖਮ ਵੀ ਉੱਚੜ ਜਾਂਦੇ ਹਨ। ਅੱਜ ਦਾ ਇਹ ਲੇਖ ਉਸ ਦਿਨ ਨਾਲ ਸਬੰਧਤ ਇੱਕ ਹੱਡਬੀਤੀ ਹੈ। ਪ੍ਰੰਤੂ ਇਸ ਨੂੰ ਲਿਖਣਾ ਨਾ ਤਾਂ ਆਪਣੀ ਵਡਿਆਈ ਕਰਨਾ ਹੈ ਅਤੇ ਨਾ ਹੀ ਇਸ ਦਾ ਕੋਈ ਲਾਹਾ ਲੈਣ ਦੀ ਮਨਸ਼ਾ ਹੈ ? ਬਸ ਉਹਨਾਂ ਦਿਨਾਂ ਦੀ ਇਸ ਯਾਦ ਨੂੰ ਇਤਿਹਾਸ ਬਣਾਉਣ ਵਾਸਤੇ ਲਿਖਣ ਦਾ ਉੱਦਮ ਕਰ ਰਿਹਾ ਹਾਂ।

ਚੀਥੜੇ ਉੱਡ ਗਏ। ਇਹ ਇੱਕ ਬੜਾ ਸਧਾਰਨ ਜਿਹਾ ਬਿਰਤਾਂਤ ਹੈ, ਜੋ ਅਸੀਂ ਹੱਡੀ ਹੰਢਾਇਆ, ਪ੍ਰੰਤੂ ਗੋਬਿੰਦ ਰਾਮ ਦੇ ਜ਼ੁਲਮਾਂ ਦੀ ਫਰਿਸਤ ਬਹੁਤ ਲੰਮੀਂ ਹੈ। ਪ੍ਰੰਤੂ ਅੱਤ ਅਤੇ ਤੱਤ ਦਾ ਵੈਰ ਹੁੰਦਾ ਹੈ। ਮੌਤ ਨੂੰ ਨੇੜਿਓਂ ਦੇਖਿਆ, ਇੱਕ ਜ਼ਾਬਰ ਦਾ ਜ਼ਬਰ ਅਤੇ ਅਯਾਸ਼ੀ ਤੱਕੀ, ਪ੍ਰੰਤੂ ਪੁਲਿਸ ਵਿਚਲੇ ਚੰਗੇ ਅਫਸਰਾਂ ਨੂੰ ਵੀ ਦੇਖਿਆ, ਜਿਹਨਾਂ ਨੇ ਸਾਡੀ ਇਸ ਸਮੇਂ ਮਦਦ ਕੀਤੀ। ਗੁਰੂ ਰਾਖਾ

ਬੇਸ਼ੱਕ ਇਸ ਬਿਰਤਾਂਤ ਨੂੰ ਸਾਢੇ ਤਿੰਨ ਦਹਾਕੇ ਬੀਤ ਚੁੱਕੇ ਹਨ, ਪ੍ਰੰਤੂ ਅੱਜ 21 ਅਗਸਤ 1989 ਵਾਲੇ ਦਿਨ, ਭਾਈ ਮਹਿਲ ਸਿੰਘ ਬੱਬਰ ਦੀ ਧਰਮ ਸੁਪਤਨੀ ਬੀਬੀ ਗੁਰਮੀਤ ਕੌਰ ਅਤੇ ਸ਼ਹੀਦ ਭਾਈ ਕੁਲਵੰਤ ਸਿੰਘ ਨਾਗੋਕੇ ਦੀ ਧਰਮ ਸੁਪਤਨੀ ਬੀਬੀ ਗੁਰਦੇਵ ਕੌਰ ਨੂੰ ਗਿਰਫਤਾਰ ਕਰਕੇ ਅੰਨਾ ਤਸ਼ਦਦ ਕੀਤਾ ਗਿਆ ਸੀ। ਪ੍ਰੰਤੂ ਅੱਜ ਵੀ ਇਹ ਸਭ ਯਾਦ ਕਰਕੇ ਅੱਖਾਂ ਅੱਗੋਂ ਜ਼ਬਰ ਦੀ ਇਸ ਫਿਲਮ ਦੇ ਡਰਾਉਣੇ ਸੀਨ ਨਿਕਲਦੇ ਹਨ ਅਤੇ ਜਿੱਥੇ ਕੌਮੀਂ ਪੀੜਾ ਦਾ ਅਹਿਸਾਸ ਹੁੰਦਾ ਹੈ, ਉੱਥੇ ਆਪਣੇ ਜ਼ਖਮ ਵੀ ਉੱਚੜ ਜਾਂਦੇ ਹਨ। ਅੱਜ ਦਾ ਇਹ ਲੇਖ ਉਸ ਦਿਨ ਨਾਲ ਸਬੰਧਤ ਇੱਕ ਹੱਡਬੀਤੀ ਹੈ। ਪ੍ਰੰਤੂ ਇਸ ਨੂੰ ਲਿਖਣਾ ਨਾ ਤਾਂ ਆਪਣੀ ਵਡਿਆਈ ਕਰਨਾ ਹੈ ਅਤੇ ਨਾ ਹੀ ਇਸ ਦਾ ਕੋਈ ਲਾਹਾ ਲੈਣ ਦੀ ਮਨਸ਼ਾ ਹੈ ? ਬਸ ਉਹਨਾਂ ਦਿਨਾਂ ਦੀ ਇਸ ਯਾਦ ਨੂੰ ਇਤਿਹਾਸ ਬਣਾਉਣ ਵਾਸਤੇ ਲਿਖਣ ਦਾ ਉੱਦਮ ਕਰ ਰਿਹਾ ਹਾਂ।

ਚੀਥੜੇ ਉੱਡ ਗਏ। ਇਹ ਇੱਕ ਬੜਾ ਸਧਾਰਨ ਜਿਹਾ ਬਿਰਤਾਂਤ ਹੈ, ਜੋ ਅਸੀਂ ਹੱਡੀ ਹੰਢਾਇਆ, ਪ੍ਰੰਤੂ ਗੋਬਿੰਦ ਰਾਮ ਦੇ ਜ਼ੁਲਮਾਂ ਦੀ ਫਰਿਸਤ ਬਹੁਤ ਲੰਮੀਂ ਹੈ। ਪ੍ਰੰਤੂ ਅੱਤ ਅਤੇ ਤੱਤ ਦਾ ਵੈਰ ਹੁੰਦਾ ਹੈ। ਮੌਤ ਨੂੰ ਨੇੜਿਓਂ ਦੇਖਿਆ, ਇੱਕ ਜ਼ਾਬਰ ਦਾ ਜ਼ਬਰ ਅਤੇ ਅਯਾਸ਼ੀ ਤੱਕੀ, ਪ੍ਰੰਤੂ ਪੁਲਿਸ ਵਿਚਲੇ ਚੰਗੇ ਅਫਸਰਾਂ ਨੂੰ ਵੀ ਦੇਖਿਆ, ਜਿਹਨਾਂ ਨੇ ਸਾਡੀ ਇਸ ਸਮੇਂ ਮਦਦ ਕੀਤੀ। ਗੁਰੂ ਰਾਖਾ

ਬੇਸ਼ੱਕ ਇਸ ਬਿਰਤਾਂਤ ਨੂੰ ਸਾਢੇ ਤਿੰਨ ਦਹਾਕੇ ਬੀਤ ਚੁੱਕੇ ਹਨ, ਪ੍ਰੰਤੂ ਅੱਜ 21 ਅਗਸਤ 1989 ਵਾਲੇ ਦਿਨ, ਭਾਈ ਮਹਿਲ ਸਿੰਘ ਬੱਬਰ ਦੀ ਧਰਮ ਸੁਪਤਨੀ ਬੀਬੀ ਗੁਰਮੀਤ ਕੌਰ ਅਤੇ ਸ਼ਹੀਦ ਭਾਈ ਕੁਲਵੰਤ ਸਿੰਘ ਨਾਗੋਕੇ ਦੀ ਧਰਮ ਸੁਪਤਨੀ ਬੀਬੀ ਗੁਰਦੇਵ ਕੌਰ ਨੂੰ ਗਿਰਫਤਾਰ ਕਰਕੇ ਅੰਨਾ ਤਸ਼ਦਦ ਕੀਤਾ ਗਿਆ ਸੀ। ਪ੍ਰੰਤੂ ਅੱਜ ਵੀ ਇਹ ਸਭ ਯਾਦ ਕਰਕੇ ਅੱਖਾਂ ਅੱਗੋਂ ਜ਼ਬਰ ਦੀ ਇਸ ਫਿਲਮ ਦੇ ਡਰਾਉਣੇ ਸੀਨ ਨਿਕਲਦੇ ਹਨ ਅਤੇ ਜਿੱਥੇ ਕੌਮੀਂ ਪੀੜਾ ਦਾ ਅਹਿਸਾਸ ਹੁੰਦਾ ਹੈ, ਉੱਥੇ ਆਪਣੇ ਜ਼ਖਮ ਵੀ ਉੱਚੜ ਜਾਂਦੇ ਹਨ। ਅੱਜ ਦਾ ਇਹ ਲੇਖ ਉਸ ਦਿਨ ਨਾਲ ਸਬੰਧਤ ਇੱਕ ਹੱਡਬੀਤੀ ਹੈ। ਪ੍ਰੰਤੂ ਇਸ ਨੂੰ ਲਿਖਣਾ ਨਾ ਤਾਂ ਆਪਣੀ ਵਡਿਆਈ ਕਰਨਾ ਹੈ ਅਤੇ ਨਾ ਹੀ ਇਸ ਦਾ ਕੋਈ ਲਾਹਾ ਲੈਣ ਦੀ ਮਨਸ਼ਾ ਹੈ ? ਬਸ ਉਹਨਾਂ ਦਿਨਾਂ ਦੀ ਇਸ ਯਾਦ ਨੂੰ ਇਤਿਹਾਸ ਬਣਾਉਣ ਵਾਸਤੇ ਲਿਖਣ ਦਾ ਉੱਦਮ ਕਰ ਰਿਹਾ ਹਾਂ।

ਚੀਥੜੇ ਉੱਡ ਗਏ। ਇਹ ਇੱਕ ਬੜਾ ਸਧਾਰਨ ਜਿਹਾ ਬਿਰਤਾਂਤ ਹੈ, ਜੋ ਅਸੀਂ ਹੱਡੀ ਹੰਢਾਇਆ, ਪ੍ਰੰਤੂ ਗੋਬਿੰਦ ਰਾਮ ਦੇ ਜ਼ੁਲਮਾਂ ਦੀ ਫਰਿਸਤ ਬਹੁਤ ਲੰਮੀਂ ਹੈ। ਪ੍ਰੰਤੂ ਅੱਤ ਅਤੇ ਤੱਤ ਦਾ ਵੈਰ ਹੁੰਦਾ ਹੈ। ਮੌਤ ਨੂੰ ਨੇੜਿਓਂ ਦੇਖਿਆ, ਇੱਕ ਜ਼ਾਬਰ ਦਾ ਜ਼ਬਰ ਅਤੇ ਅਯਾਸ਼ੀ ਤੱਕੀ, ਪ੍ਰੰਤੂ ਪੁਲਿਸ ਵਿਚਲੇ ਚੰਗੇ ਅਫਸਰਾਂ ਨੂੰ ਵੀ ਦੇਖਿਆ, ਜਿਹਨਾਂ ਨੇ ਸਾਡੀ ਇਸ ਸਮੇਂ ਮਦਦ ਕੀਤੀ। ਗੁਰੂ ਰਾਖਾ

ਬੇਸ਼ੱਕ ਇਸ ਬਿਰਤਾਂਤ ਨੂੰ ਸਾਢੇ ਤਿੰਨ ਦਹਾਕੇ ਬੀਤ ਚੁੱਕੇ ਹਨ, ਪ੍ਰੰਤੂ ਅੱਜ 21 ਅਗਸਤ 1989 ਵਾਲੇ ਦਿਨ, ਭਾਈ ਮਹਿਲ ਸਿੰਘ ਬੱਬਰ ਦੀ ਧਰਮ ਸੁਪਤਨੀ ਬੀਬੀ ਗੁਰਮੀਤ ਕੌਰ ਅਤੇ ਸ਼ਹੀਦ ਭਾਈ ਕੁਲਵੰਤ ਸਿੰਘ ਨਾਗੋਕੇ ਦੀ ਧਰਮ ਸੁਪਤਨੀ ਬੀਬੀ ਗੁਰਦੇਵ ਕੌਰ ਨੂੰ ਗਿਰਫਤਾਰ ਕਰਕੇ ਅੰਨਾ ਤਸ਼ਦਦ ਕੀਤਾ ਗਿਆ ਸੀ। ਪ੍ਰੰਤੂ ਅੱਜ ਵੀ ਇਹ ਸਭ ਯਾਦ ਕਰਕੇ ਅੱਖਾਂ ਅੱਗੋਂ ਜ਼ਬਰ ਦੀ ਇਸ ਫਿਲਮ ਦੇ ਡਰਾਉਣੇ ਸੀਨ ਨਿਕਲਦੇ ਹਨ ਅਤੇ ਜਿੱਥੇ ਕੌਮੀਂ ਪੀੜਾ ਦਾ ਅਹਿਸਾਸ ਹੁੰਦਾ ਹੈ, ਉੱਥੇ ਆਪਣੇ ਜ਼ਖਮ ਵੀ ਉੱਚੜ ਜਾਂਦੇ ਹਨ। ਅੱਜ ਦਾ ਇਹ

ਚੀਥੜੇ ਉੱਡ ਗਏ। ਇਹ ਇੱਕ ਬੜਾ ਸਧਾਰਨ ਜਿਹਾ ਬਿਰਤਾਂਤ ਹੈ, ਜੋ ਅਸੀਂ ਹੱਡੀ ਹੰਢਾਇਆ, ਪ੍ਰੰਤੂ ਗੋਬਿੰਦ ਰਾਮ ਦੇ ਜ਼ੁਲਮਾਂ ਦੀ ਫਰਿਸਤ ਬਹੁਤ ਲੰਮੀਂ ਹੈ। ਪ੍ਰੰਤੂ ਅੱਤ ਅਤੇ ਤੱਤ ਦਾ ਵੈਰ ਹੁੰਦਾ ਹੈ। ਮੌਤ ਨੂੰ ਨੇੜਿਓਂ ਦੇਖਿਆ, ਇੱਕ ਜ਼ਾਬਰ ਦਾ ਜ਼ਬਰ ਅਤੇ ਅਯਾਸ਼ੀ ਤੱਕੀ, ਪ੍ਰੰਤੂ ਪੁਲਿਸ ਵਿਚਲੇ ਚੰਗੇ ਅਫਸਰਾਂ ਨੂੰ ਵੀ ਦੇਖਿਆ, ਜਿਹਨਾਂ ਨੇ ਸਾਡੀ ਇਸ ਸਮੇਂ ਮਦਦ ਕੀਤੀ। ਗੁਰੂ ਰਾਖਾ

ਬੇਸ਼ੱਕ ਇਸ ਬਿਰਤਾਂਤ ਨੂੰ ਸਾਢੇ ਤਿੰਨ ਦਹਾਕੇ ਬੀਤ ਚੁੱਕੇ ਹਨ, ਪ੍ਰੰਤੂ ਅੱਜ 21 ਅਗਸਤ 1989 ਵਾਲੇ ਦਿਨ, ਭਾਈ ਮਹਿਲ ਸਿੰਘ ਬੱਬਰ ਦੀ ਧਰਮ ਸੁਪਤਨੀ ਬੀਬੀ ਗੁਰਮੀਤ ਕੌਰ ਅਤੇ ਸ਼ਹੀਦ ਭਾਈ ਕੁਲਵੰਤ ਸਿੰਘ ਨਾਗੋਕੇ ਦੀ ਧਰਮ ਸੁਪਤਨੀ ਬੀਬੀ ਗੁਰਦੇਵ ਕੌਰ ਨੂੰ ਗਿਰਫਤਾਰ ਕਰਕੇ ਅੰਨਾ ਤਸ਼ਦਦ ਕੀਤਾ ਗਿਆ ਸੀ। ਪ੍ਰੰਤੂ ਅੱਜ ਵੀ ਇਹ ਸਭ ਯਾਦ ਕਰਕੇ ਅੱਖਾਂ ਅੱਗੋਂ ਜ਼ਬਰ ਦੀ ਇਸ ਫਿਲਮ ਦੇ ਡਰਾਉਣੇ ਸੀਨ ਨਿਕਲਦੇ ਹਨ

ਗੁਰਿੰਦਰਪਾਲ ਸਿੰਘ ਧਨੌਲਾ
ਖੰਨਾ ਸ਼ਿਵਪੁਰੀ ਮੰਦਰ 'ਚ ਲੱਖਾਂ ਦੀ ਚੋਰੀ ਤੇ ਬੇਅਦਬੀ ਕਰਨ ਵਾਲੇ ਅੰਤਰਰਾਜੀ ਗਿਰੋਹ ਦੇ 4 ਮੈਂਬਰਾਂ ਨੂੰ ਪੁਲਿਸ ਨੇ ਕੀਤਾ ਕਾਬੂ ,ਇੱਕ ਫਰਾਰ
ਦੋਸ਼ੀਆਂ ਨੇ ਸ਼ਿਵਲਿੰਗ ਖੰਡਿਤ ਕਰਕੇ ਮੂਰਤੀਆਂ ਤੋਂ ਸੋਨੇ,ਚਾਂਦੀ ਦੇ ਗਹਿਣੇ ਚੋਰੀ ਕੀਤੇ ਸਨ

ਖੰਨਾ 22 ਅਗਸਤ ( ਜੋਗਿੰਦਰ ਸਿੰਘ ਆਜ਼ਾਦ ,ਤਰਸੇਮ ਸਿੰਘ ਗਿੱਲ )- ਖੰਨਾ ਦੇ ਪ੍ਰਾਚੀਨ ਸ਼ਿਵਪੁਰੀ ਮੰਦਰ ਵਿੱਚ ਲੱਖਾਂ ਦੀ ਚੋਰੀ ਤੇ ਸ਼ਿਵਲਿੰਗ ਖੰਡਿਤ (ਬੇਅਦਬੀ ) ਕਰਨ ਵਾਲੇ ਦੋਸ਼ੀਆਂ ਨੂੰ ਪੁਲਿਸ ਦੀਆਂ ਅਲੱਗ ਅਲੱਗ ਟੀਮਾਂ ਨੇ ਸੀਸੀਟੀਵੀ ਫੁਟੇਜ ਦੇ ਅਧਾਰ ਤੇ ਯੂ .ਪੀ ਅਤੇ ਉਤਰਾਖੰਡ, ਦਿੱਲੀ ਅਤੇ ਚੰਡੀਗੜ੍ਹ ਦੇ ਕਈ ਠਿਕਾਣਿਆਂ ਤੇ ਛਾਪੇਮਾਰੀ ਕਰਕੇ ਗ੍ਰਿਫਤਾਰ ਕੀਤਾ ਹੈ। ਅੱਜ ਪੁਲਿਸ

ਪ੍ਰਗ ਸਹਿਯੋਗ ਕੀਤਾ। ਉਹਨਾਂ ਦੱਸਿਆ ਕਿ ਮਿਤੀ 15 ਅਗਸਤ 2024 ਨੂੰ ਮੁਦੱਈ ਮਿੱਤਲ ਪੁੱਤਰ ਕ੍ਰਿਸ਼ਨ ਕੁਮਾਰ ਵਾਸੀ ਅਮਲੋਹ ਰੋਡ ਖੰਨਾ ਨੇ ਪੁਲਿਸ ਨੂੰ ਇਤਲਾਹ ਦਿੱਤੀ।

ਕੋਸ਼ਿਸ਼ਾਂ ਤੋਂ ਬੇਕਦਰ ਅਤੇ ਹਰਕਤਾਂ ਸਿੱਖਾਂ ਨੂੰ ਚੋਰ ਕਰਦੇ ਹੋਏ ਨਾ-ਮਾਲੂਮ ਚੋਰੀ ਵਿਅਕਤੀਆਂ ਵੱਲੋਂ ਟੁਟੇਲੇ ਹਾਸਲ ਕੀਤੀਆਂ ਗਈਆਂ ਅਤੇ ਸ਼ਿਵਲਿੰਗ ਨੂੰ ਖੰਡਿਤ ਕੀਤਾ ਗਿਆ।

ਖੰਨਾ 22 ਅਗਸਤ ( ਜੋਗਿੰਦਰ ਸਿੰਘ ਆਜ਼ਾਦ ,ਤਰਸੇਮ ਸਿੰਘ ਗਿੱਲ )- ਖੰਨਾ ਦੇ ਪ੍ਰਾਚੀਨ ਸ਼ਿਵਪੁਰੀ ਮੰਦਰ ਵਿੱਚ ਲੱਖਾਂ ਦੀ ਚੋਰੀ ਤੇ ਸ਼ਿਵਲਿੰਗ ਖੰਡਿਤ (ਬੇਅਦਬੀ ) ਕਰਨ ਵਾਲੇ ਦੋਸ਼ੀਆਂ ਨੂੰ ਪੁਲਿਸ ਦੀਆਂ ਅਲੱਗ ਅਲੱਗ ਟੀਮਾਂ ਨੇ ਸੀਸੀਟੀਵੀ ਫੁਟੇਜ ਦੇ ਅਧਾਰ ਤੇ ਯੂ .ਪੀ ਅਤੇ ਉਤਰਾਖੰਡ, ਦਿੱਲੀ ਅਤੇ ਚੰਡੀਗੜ੍ਹ ਦੇ ਕਈ ਠਿਕਾਣਿਆਂ ਤੇ ਛਾਪੇਮਾਰੀ ਕਰਕੇ ਗ੍ਰਿਫਤਾਰ ਕੀਤਾ ਹੈ। ਅੱਜ ਪੁਲਿਸ

ਪ੍ਰਗ ਸਹਿਯੋਗ ਕੀਤਾ। ਉਹਨਾਂ ਦੱਸਿਆ ਕਿ ਮਿਤੀ 15 ਅਗਸਤ 2024 ਨੂੰ ਮੁਦੱਈ ਮਿੱਤਲ ਪੁੱਤਰ ਕ੍ਰਿਸ਼ਨ ਕੁਮਾਰ ਵਾਸੀ ਅਮਲੋਹ ਰੋਡ ਖੰਨਾ ਨੇ ਪੁਲਿਸ ਨੂੰ ਇਤਲਾਹ ਦਿੱਤੀ।

ਕੋਸ਼ਿਸ਼ਾਂ ਤੋਂ ਬੇਕਦਰ ਅਤੇ ਹਰਕਤਾਂ ਸਿੱਖਾਂ ਨੂੰ ਚੋਰ ਕਰਦੇ ਹੋਏ ਨਾ-ਮਾਲੂਮ ਚੋਰੀ ਵਿਅਕਤੀਆਂ ਵੱਲੋਂ ਟੁਟੇਲੇ ਹਾਸਲ ਕੀਤੀਆਂ ਗਈਆਂ ਅਤੇ ਸ਼ਿਵਲਿੰਗ ਨੂੰ ਖੰਡਿਤ ਕੀਤਾ ਗਿਆ।

ਖੰਨਾ 22 ਅਗਸਤ ( ਜੋਗਿੰਦਰ ਸਿੰਘ ਆਜ਼ਾਦ ,ਤਰਸੇਮ ਸਿੰਘ ਗਿੱਲ )- ਖੰਨਾ ਦੇ ਪ੍ਰਾਚੀਨ ਸ਼ਿਵਪੁਰੀ ਮੰਦਰ ਵਿੱਚ ਲੱਖਾਂ ਦੀ ਚੋਰੀ ਤੇ ਸ਼ਿਵਲਿੰਗ ਖੰਡਿਤ (ਬੇਅਦਬੀ ) ਕਰਨ ਵਾਲੇ ਦੋਸ਼ੀਆਂ ਨੂੰ ਪੁਲਿਸ ਦੀਆਂ ਅਲੱਗ ਅਲੱਗ ਟੀਮਾਂ ਨੇ ਸੀਸੀਟੀਵੀ ਫੁਟੇਜ ਦੇ ਅਧਾਰ ਤੇ ਯੂ .ਪੀ ਅਤੇ ਉਤਰਾਖੰਡ, ਦਿੱਲੀ ਅਤੇ ਚੰਡੀਗੜ੍ਹ ਦੇ ਕਈ ਠਿਕਾਣਿਆਂ ਤੇ ਛਾਪੇਮਾਰੀ ਕਰਕੇ ਗ੍ਰਿਫਤਾਰ ਕੀਤਾ ਹੈ। ਅੱਜ ਪੁਲਿਸ

ਪ੍ਰਗ ਸਹਿਯੋਗ ਕੀਤਾ। ਉਹਨਾਂ ਦੱਸਿਆ ਕਿ ਮਿਤੀ 15 ਅਗਸਤ 2024 ਨੂੰ ਮੁਦੱਈ ਮਿੱਤਲ ਪੁੱਤਰ ਕ੍ਰਿਸ਼ਨ ਕੁਮਾਰ ਵਾਸੀ ਅਮਲੋਹ ਰੋਡ ਖੰਨਾ ਨੇ ਪੁਲਿਸ ਨੂੰ ਇਤਲਾਹ ਦਿੱਤੀ।

ਕੋਸ਼ਿਸ਼ਾਂ ਤੋਂ ਬੇਕਦਰ ਅਤੇ ਹਰਕਤਾਂ ਸਿੱਖਾਂ ਨੂੰ ਚੋਰ ਕਰਦੇ ਹੋਏ ਨਾ-ਮਾਲੂਮ ਚੋਰੀ ਵਿਅਕਤੀਆਂ ਵੱਲੋਂ ਟੁਟੇਲੇ ਹਾਸਲ ਕੀਤੀਆਂ ਗਈਆਂ ਅਤੇ ਸ਼ਿਵਲਿੰਗ ਨੂੰ ਖੰਡਿਤ ਕੀਤਾ ਗਿਆ।

ਖੰਨਾ 22 ਅਗਸਤ ( ਜੋਗਿੰਦਰ ਸਿੰਘ ਆਜ਼ਾਦ ,ਤਰਸੇਮ ਸਿੰਘ ਗਿੱਲ )- ਖੰਨਾ ਦੇ ਪ੍ਰਾਚੀਨ ਸ਼ਿਵਪੁਰੀ ਮੰਦਰ ਵਿੱਚ ਲੱਖਾਂ ਦੀ ਚੋਰੀ ਤੇ ਸ਼ਿਵਲਿੰਗ ਖੰਡਿਤ (ਬੇਅਦਬੀ ) ਕਰਨ ਵਾਲੇ ਦੋਸ਼ੀਆਂ ਨੂੰ ਪੁਲਿਸ ਦੀਆਂ ਅਲੱਗ ਅਲੱਗ ਟੀਮਾਂ ਨੇ ਸੀਸੀਟੀਵੀ ਫੁਟੇਜ ਦੇ ਅਧਾਰ ਤੇ ਯੂ .ਪੀ ਅਤੇ ਉਤਰਾਖੰਡ, ਦਿੱਲੀ ਅਤੇ ਚੰਡੀਗੜ੍ਹ ਦੇ ਕਈ ਠਿਕਾਣਿਆਂ ਤੇ ਛਾਪੇਮਾਰੀ ਕਰਕੇ ਗ੍ਰਿਫਤਾਰ ਕੀਤਾ ਹੈ। ਅੱਜ ਪੁਲਿਸ

ਪ੍ਰਗ ਸਹਿਯੋਗ ਕੀਤਾ। ਉਹਨਾਂ

ਸਿੱਖਾਂ ਖਿਲਾਫ਼ ਭੜਕਾਹਟ ਪੈਦਾ ਕਰਨ ਵਾਲੀ ਫਿਲਮ ਐਮਰਜੈਂਸੀ ਪੰਜਾਬ ਅਤੇ ਭਾਰਤ ਦੇਸ਼ ਵਿਚ ਨਹੀਂ ਚੱਲਣ ਦਿੱਤੀ ਜਾਵੇਗੀ - ਭੁੱਚਰ
ਭਾਰਤ ਸਰਕਾਰ ਇਸ ਫਿਲਮ ਤੇ ਲਗਾਵੇ ਰੋਕ
ਬਰਨਾਲਾ, 20 ਅਗਸਤ (ਹਰਵਿੰਦਰ ਸਿੰਘ ਕਾਲਾ) : ਸਿੱਖ ਕੌਮ ਖਿਲਾਫ਼ ਜਹਿਰ ਉਗਲਣ ਵਾਲੀ ਕੰਗਣਾ ਰਨੌਤ ਵੱਲੋਂ ਨਵੀ ਬਣਾਈ ਫਿਲਮ ਐਮਰਜੈਂਸੀ ਵਿਚ ਸਿੱਖਾ ਨੂੰ ਗਲਤ ਢੰਗ ਨਾਲ ਪੇਸ਼ ਦੀ ਸਖ਼ਤ ਨਿਖੇਧੀ ਕੀਤੀ ਜਾ ਰਹੀ ਹੈ ਅਤੇ ਭਾਰਤ ਸਰਕਾਰ ਨੂੰ ਇਸ ਫਿਲਮ ਤੇ ਪਾਬੰਧੀ ਲਗਾਉਣ ਦੀ ਮੰਗ ਕੀਤੀ ਜਾ ਰਹੀ ਹੈ। ਇਸ ਸਬੰਧੀ ਪੱਤਰਕਾਰਾ ਨਾਲ ਗੱਲ ਕਰਦਿਆ. ਬਲਦੇਵ ਸਿੰਘ ਭੁੱਚਰ ਸਟੇਟ ਕੋਆਰਡੀਨੇਟਰ ਪੰਜਾਬ ਪ੍ਰਦੇਸ਼ ਕਾਂਗਰਸ ਕਮੇਟੀ (ਐਸ.ਸੀ.ਡਿਪਾਰਮੈਂਟ) ਕਿਹਾ ਕਿ ਇਸ ਫਿਲਮ ਨਾਲ ਸਮਾਜ ਅੰਦਰ ਅਮਨ ਕਾਨੂੰਨ ਦੀ ਸਥਿਤੀ ਵਿਗੜ ਸਕਦੀ ਹੈ। ਉਨਾ ਕਿਹਾ ਕਿ ਜੇਕਰ ਇਸ ਫਿਲਮ ਅੰਦਰ ਸਿੱਖਾ ਨੂੰ ਵੱਖਵਾਦੀ ਜਾ ਦਹਿਸ਼ਤਗਰਦ ਵਜੋ ਫਰਮਾਇਆ ਗਿਆ ਤਾ ਇਹ ਇੱਕ ਡੂੰਘੀ ਸਾਜਿਸ਼ ਹੈ। ਜਿਸ ਕਾਰਨ ਸਿੱਖਾ ਪ੍ਰਤੀ ਹੋਰਨਾ ਕੌਮਾ ਅੰਦਰ ਨਫਰਤ ਪੈਦਾ ਕਰਨ ਦੀ ਕੋਸ਼ਿਸ਼ ਕੀਤੀ ਗਈ ਹੈ
